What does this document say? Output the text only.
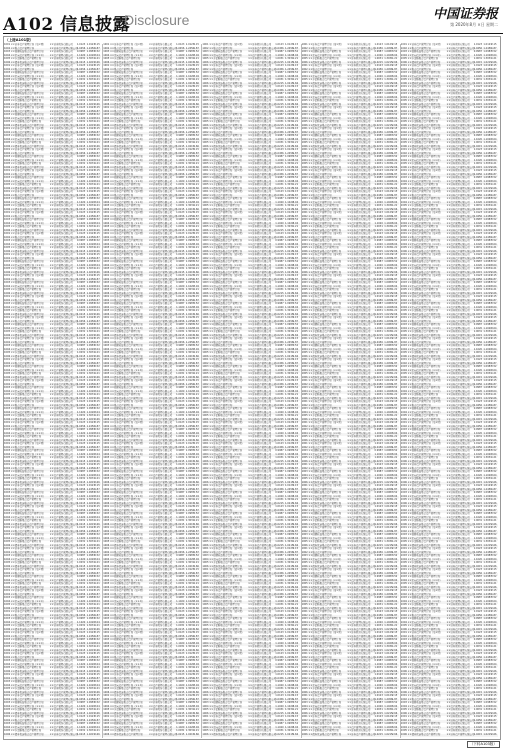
A102 信息披露
Disclosure	中国证券报
第 2020年8月 ×日 星期二
（上接A101版）
1001 ××证券资产管理计划（第×期）	××证券股份有限公司	1.0123 1.0123 2.15
1002 ××集合资产管理计划	××证券资产管理有限公司 1.0456 1.2456 1.87
1003 ××稳健收益集合资产管理计划	××证券股份有限公司	0.9987 1.0987 0.52
1004 ××定向资产管理计划（××号）	××资产管理有限公司	1.1020 1.1020 3.04
1005 ××多策略集合资产管理计划	××证券股份有限公司	1.0031 1.3031 1.21
1006 ××债券优选集合资产管理计划	××证券资产管理有限公司 1.0215 1.0215 2.66
1001 ××证券资产管理计划（第×期）	××证券股份有限公司	1.0123 1.0123 2.15
1002 ××集合资产管理计划	××证券资产管理有限公司 1.0456 1.2456 1.87
1003 ××稳健收益集合资产管理计划	××证券股份有限公司	0.9987 1.0987 0.52
1004 ××定向资产管理计划（××号）	××资产管理有限公司	1.1020 1.1020 3.04
1005 ××多策略集合资产管理计划	××证券股份有限公司	1.0031 1.3031 1.21
1006 ××债券优选集合资产管理计划	××证券资产管理有限公司 1.0215 1.0215 2.66
1001 ××证券资产管理计划（第×期）	××证券股份有限公司	1.0123 1.0123 2.15
1002 ××集合资产管理计划	××证券资产管理有限公司 1.0456 1.2456 1.87
1003 ××稳健收益集合资产管理计划	××证券股份有限公司	0.9987 1.0987 0.52
1004 ××定向资产管理计划（××号）	××资产管理有限公司	1.1020 1.1020 3.04
1005 ××多策略集合资产管理计划	××证券股份有限公司	1.0031 1.3031 1.21
1006 ××债券优选集合资产管理计划	××证券资产管理有限公司 1.0215 1.0215 2.66
1001 ××证券资产管理计划（第×期）	××证券股份有限公司	1.0123 1.0123 2.15
1002 ××集合资产管理计划	××证券资产管理有限公司 1.0456 1.2456 1.87
1003 ××稳健收益集合资产管理计划	××证券股份有限公司	0.9987 1.0987 0.52
1004 ××定向资产管理计划（××号）	××资产管理有限公司	1.1020 1.1020 3.04
1005 ××多策略集合资产管理计划	××证券股份有限公司	1.0031 1.3031 1.21
1006 ××债券优选集合资产管理计划	××证券资产管理有限公司 1.0215 1.0215 2.66
1001 ××证券资产管理计划（第×期）	××证券股份有限公司	1.0123 1.0123 2.15
1002 ××集合资产管理计划	××证券资产管理有限公司 1.0456 1.2456 1.87
1003 ××稳健收益集合资产管理计划	××证券股份有限公司	0.9987 1.0987 0.52
1004 ××定向资产管理计划（××号）	××资产管理有限公司	1.1020 1.1020 3.04
1005 ××多策略集合资产管理计划	××证券股份有限公司	1.0031 1.3031 1.21
1006 ××债券优选集合资产管理计划	××证券资产管理有限公司 1.0215 1.0215 2.66
1001 ××证券资产管理计划（第×期）	××证券股份有限公司	1.0123 1.0123 2.15
1002 ××集合资产管理计划	××证券资产管理有限公司 1.0456 1.2456 1.87
1003 ××稳健收益集合资产管理计划	××证券股份有限公司	0.9987 1.0987 0.52
1004 ××定向资产管理计划（××号）	××资产管理有限公司	1.1020 1.1020 3.04
1005 ××多策略集合资产管理计划	××证券股份有限公司	1.0031 1.3031 1.21
1006 ××债券优选集合资产管理计划	××证券资产管理有限公司 1.0215 1.0215 2.66
1001 ××证券资产管理计划（第×期）	××证券股份有限公司	1.0123 1.0123 2.15
1002 ××集合资产管理计划	××证券资产管理有限公司 1.0456 1.2456 1.87
1003 ××稳健收益集合资产管理计划	××证券股份有限公司	0.9987 1.0987 0.52
1004 ××定向资产管理计划（××号）	××资产管理有限公司	1.1020 1.1020 3.04
1005 ××多策略集合资产管理计划	××证券股份有限公司	1.0031 1.3031 1.21
1006 ××债券优选集合资产管理计划	××证券资产管理有限公司 1.0215 1.0215 2.66
1001 ××证券资产管理计划（第×期）	××证券股份有限公司	1.0123 1.0123 2.15
1002 ××集合资产管理计划	××证券资产管理有限公司 1.0456 1.2456 1.87
1003 ××稳健收益集合资产管理计划	××证券股份有限公司	0.9987 1.0987 0.52
1004 ××定向资产管理计划（××号）	××资产管理有限公司	1.1020 1.1020 3.04
1005 ××多策略集合资产管理计划	××证券股份有限公司	1.0031 1.3031 1.21
1006 ××债券优选集合资产管理计划	××证券资产管理有限公司 1.0215 1.0215 2.66
1001 ××证券资产管理计划（第×期）	××证券股份有限公司	1.0123 1.0123 2.15
1002 ××集合资产管理计划	××证券资产管理有限公司 1.0456 1.2456 1.87
1003 ××稳健收益集合资产管理计划	××证券股份有限公司	0.9987 1.0987 0.52
1004 ××定向资产管理计划（××号）	××资产管理有限公司	1.1020 1.1020 3.04
1005 ××多策略集合资产管理计划	××证券股份有限公司	1.0031 1.3031 1.21
1006 ××债券优选集合资产管理计划	××证券资产管理有限公司 1.0215 1.0215 2.66
1001 ××证券资产管理计划（第×期）	××证券股份有限公司	1.0123 1.0123 2.15
1002 ××集合资产管理计划	××证券资产管理有限公司 1.0456 1.2456 1.87
1003 ××稳健收益集合资产管理计划	××证券股份有限公司	0.9987 1.0987 0.52
1004 ××定向资产管理计划（××号）	××资产管理有限公司	1.1020 1.1020 3.04
1005 ××多策略集合资产管理计划	××证券股份有限公司	1.0031 1.3031 1.21
1006 ××债券优选集合资产管理计划	××证券资产管理有限公司 1.0215 1.0215 2.66
1001 ××证券资产管理计划（第×期）	××证券股份有限公司	1.0123 1.0123 2.15
1002 ××集合资产管理计划	××证券资产管理有限公司 1.0456 1.2456 1.87
1003 ××稳健收益集合资产管理计划	××证券股份有限公司	0.9987 1.0987 0.52
1004 ××定向资产管理计划（××号）	××资产管理有限公司	1.1020 1.1020 3.04
1005 ××多策略集合资产管理计划	××证券股份有限公司	1.0031 1.3031 1.21
1006 ××债券优选集合资产管理计划	××证券资产管理有限公司 1.0215 1.0215 2.66
1001 ××证券资产管理计划（第×期）	××证券股份有限公司	1.0123 1.0123 2.15
1002 ××集合资产管理计划	××证券资产管理有限公司 1.0456 1.2456 1.87
1003 ××稳健收益集合资产管理计划	××证券股份有限公司	0.9987 1.0987 0.52
1004 ××定向资产管理计划（××号）	××资产管理有限公司	1.1020 1.1020 3.04
1005 ××多策略集合资产管理计划	××证券股份有限公司	1.0031 1.3031 1.21
1006 ××债券优选集合资产管理计划	××证券资产管理有限公司 1.0215 1.0215 2.66
1001 ××证券资产管理计划（第×期）	××证券股份有限公司	1.0123 1.0123 2.15
1002 ××集合资产管理计划	××证券资产管理有限公司 1.0456 1.2456 1.87
1003 ××稳健收益集合资产管理计划	××证券股份有限公司	0.9987 1.0987 0.52
1004 ××定向资产管理计划（××号）	××资产管理有限公司	1.1020 1.1020 3.04
1005 ××多策略集合资产管理计划	××证券股份有限公司	1.0031 1.3031 1.21
1006 ××债券优选集合资产管理计划	××证券资产管理有限公司 1.0215 1.0215 2.66
1001 ××证券资产管理计划（第×期）	××证券股份有限公司	1.0123 1.0123 2.15
1002 ××集合资产管理计划	××证券资产管理有限公司 1.0456 1.2456 1.87
1003 ××稳健收益集合资产管理计划	××证券股份有限公司	0.9987 1.0987 0.52
1004 ××定向资产管理计划（××号）	××资产管理有限公司	1.1020 1.1020 3.04
1005 ××多策略集合资产管理计划	××证券股份有限公司	1.0031 1.3031 1.21
1006 ××债券优选集合资产管理计划	××证券资产管理有限公司 1.0215 1.0215 2.66
1001 ××证券资产管理计划（第×期）	××证券股份有限公司	1.0123 1.0123 2.15
1002 ××集合资产管理计划	××证券资产管理有限公司 1.0456 1.2456 1.87
1003 ××稳健收益集合资产管理计划	××证券股份有限公司	0.9987 1.0987 0.52
1004 ××定向资产管理计划（××号）	××资产管理有限公司	1.1020 1.1020 3.04
1005 ××多策略集合资产管理计划	××证券股份有限公司	1.0031 1.3031 1.21
1006 ××债券优选集合资产管理计划	××证券资产管理有限公司 1.0215 1.0215 2.66
1001 ××证券资产管理计划（第×期）	××证券股份有限公司	1.0123 1.0123 2.15
1002 ××集合资产管理计划	××证券资产管理有限公司 1.0456 1.2456 1.87
1003 ××稳健收益集合资产管理计划	××证券股份有限公司	0.9987 1.0987 0.52
1004 ××定向资产管理计划（××号）	××资产管理有限公司	1.1020 1.1020 3.04
1005 ××多策略集合资产管理计划	××证券股份有限公司	1.0031 1.3031 1.21
1006 ××债券优选集合资产管理计划	××证券资产管理有限公司 1.0215 1.0215 2.66
1001 ××证券资产管理计划（第×期）	××证券股份有限公司	1.0123 1.0123 2.15
1002 ××集合资产管理计划	××证券资产管理有限公司 1.0456 1.2456 1.87
1003 ××稳健收益集合资产管理计划	××证券股份有限公司	0.9987 1.0987 0.52
1004 ××定向资产管理计划（××号）	××资产管理有限公司	1.1020 1.1020 3.04
1005 ××多策略集合资产管理计划	××证券股份有限公司	1.0031 1.3031 1.21
1006 ××债券优选集合资产管理计划	××证券资产管理有限公司 1.0215 1.0215 2.66
1001 ××证券资产管理计划（第×期）	××证券股份有限公司	1.0123 1.0123 2.15
1002 ××集合资产管理计划	××证券资产管理有限公司 1.0456 1.2456 1.87
1003 ××稳健收益集合资产管理计划	××证券股份有限公司	0.9987 1.0987 0.52
1004 ××定向资产管理计划（××号）	××资产管理有限公司	1.1020 1.1020 3.04
1005 ××多策略集合资产管理计划	××证券股份有限公司	1.0031 1.3031 1.21
1006 ××债券优选集合资产管理计划	××证券资产管理有限公司 1.0215 1.0215 2.66
1001 ××证券资产管理计划（第×期）	××证券股份有限公司	1.0123 1.0123 2.15
1002 ××集合资产管理计划	××证券资产管理有限公司 1.0456 1.2456 1.87
1003 ××稳健收益集合资产管理计划	××证券股份有限公司	0.9987 1.0987 0.52
1004 ××定向资产管理计划（××号）	××资产管理有限公司	1.1020 1.1020 3.04
1005 ××多策略集合资产管理计划	××证券股份有限公司	1.0031 1.3031 1.21
1006 ××债券优选集合资产管理计划	××证券资产管理有限公司 1.0215 1.0215 2.66
1001 ××证券资产管理计划（第×期）	××证券股份有限公司	1.0123 1.0123 2.15
1002 ××集合资产管理计划	××证券资产管理有限公司 1.0456 1.2456 1.87
1003 ××稳健收益集合资产管理计划	××证券股份有限公司	0.9987 1.0987 0.52
1004 ××定向资产管理计划（××号）	××资产管理有限公司	1.1020 1.1020 3.04
1005 ××多策略集合资产管理计划	××证券股份有限公司	1.0031 1.3031 1.21
1006 ××债券优选集合资产管理计划	××证券资产管理有限公司 1.0215 1.0215 2.66
1001 ××证券资产管理计划（第×期）	××证券股份有限公司	1.0123 1.0123 2.15
1002 ××集合资产管理计划	××证券资产管理有限公司 1.0456 1.2456 1.87
1003 ××稳健收益集合资产管理计划	××证券股份有限公司	0.9987 1.0987 0.52
1004 ××定向资产管理计划（××号）	××资产管理有限公司	1.1020 1.1020 3.04
1005 ××多策略集合资产管理计划	××证券股份有限公司	1.0031 1.3031 1.21
1006 ××债券优选集合资产管理计划	××证券资产管理有限公司 1.0215 1.0215 2.66
1001 ××证券资产管理计划（第×期）	××证券股份有限公司	1.0123 1.0123 2.15
1002 ××集合资产管理计划	××证券资产管理有限公司 1.0456 1.2456 1.87
1003 ××稳健收益集合资产管理计划	××证券股份有限公司	0.9987 1.0987 0.52
1004 ××定向资产管理计划（××号）	××资产管理有限公司	1.1020 1.1020 3.04
1005 ××多策略集合资产管理计划	××证券股份有限公司	1.0031 1.3031 1.21
1006 ××债券优选集合资产管理计划	××证券资产管理有限公司 1.0215 1.0215 2.66
1001 ××证券资产管理计划（第×期）	××证券股份有限公司	1.0123 1.0123 2.15
1002 ××集合资产管理计划	××证券资产管理有限公司 1.0456 1.2456 1.87
1003 ××稳健收益集合资产管理计划	××证券股份有限公司	0.9987 1.0987 0.52
1004 ××定向资产管理计划（××号）	××资产管理有限公司	1.1020 1.1020 3.04
1005 ××多策略集合资产管理计划	××证券股份有限公司	1.0031 1.3031 1.21
1006 ××债券优选集合资产管理计划	××证券资产管理有限公司 1.0215 1.0215 2.66
1001 ××证券资产管理计划（第×期）	××证券股份有限公司	1.0123 1.0123 2.15
1002 ××集合资产管理计划	××证券资产管理有限公司 1.0456 1.2456 1.87
1003 ××稳健收益集合资产管理计划	××证券股份有限公司	0.9987 1.0987 0.52
1004 ××定向资产管理计划（××号）	××资产管理有限公司	1.1020 1.1020 3.04
1005 ××多策略集合资产管理计划	××证券股份有限公司	1.0031 1.3031 1.21
1006 ××债券优选集合资产管理计划	××证券资产管理有限公司 1.0215 1.0215 2.66
1001 ××证券资产管理计划（第×期）	××证券股份有限公司	1.0123 1.0123 2.15
1002 ××集合资产管理计划	××证券资产管理有限公司 1.0456 1.2456 1.87
1003 ××稳健收益集合资产管理计划	××证券股份有限公司	0.9987 1.0987 0.52
1004 ××定向资产管理计划（××号）	××资产管理有限公司	1.1020 1.1020 3.04
1005 ××多策略集合资产管理计划	××证券股份有限公司	1.0031 1.3031 1.21
1006 ××债券优选集合资产管理计划	××证券资产管理有限公司 1.0215 1.0215 2.66
1001 ××证券资产管理计划（第×期）	××证券股份有限公司	1.0123 1.0123 2.15
1002 ××集合资产管理计划	××证券资产管理有限公司 1.0456 1.2456 1.87
1003 ××稳健收益集合资产管理计划	××证券股份有限公司	0.9987 1.0987 0.52
1004 ××定向资产管理计划（××号）	××资产管理有限公司	1.1020 1.1020 3.04
1005 ××多策略集合资产管理计划	××证券股份有限公司	1.0031 1.3031 1.21
1006 ××债券优选集合资产管理计划	××证券资产管理有限公司 1.0215 1.0215 2.66
1001 ××证券资产管理计划（第×期）	××证券股份有限公司	1.0123 1.0123 2.15
1002 ××集合资产管理计划	××证券资产管理有限公司 1.0456 1.2456 1.87
1003 ××稳健收益集合资产管理计划	××证券股份有限公司	0.9987 1.0987 0.52
1004 ××定向资产管理计划（××号）	××资产管理有限公司	1.1020 1.1020 3.04
1005 ××多策略集合资产管理计划	××证券股份有限公司	1.0031 1.3031 1.21
1006 ××债券优选集合资产管理计划	××证券资产管理有限公司 1.0215 1.0215 2.66
1001 ××证券资产管理计划（第×期）	××证券股份有限公司	1.0123 1.0123 2.15
1002 ××集合资产管理计划	××证券资产管理有限公司 1.0456 1.2456 1.87
1003 ××稳健收益集合资产管理计划	××证券股份有限公司	0.9987 1.0987 0.52
1004 ××定向资产管理计划（××号）	××资产管理有限公司	1.1020 1.1020 3.04
1005 ××多策略集合资产管理计划	××证券股份有限公司	1.0031 1.3031 1.21
1006 ××债券优选集合资产管理计划	××证券资产管理有限公司 1.0215 1.0215 2.66
1001 ××证券资产管理计划（第×期）	××证券股份有限公司	1.0123 1.0123 2.15
1002 ××集合资产管理计划	××证券资产管理有限公司 1.0456 1.2456 1.87
1003 ××稳健收益集合资产管理计划	××证券股份有限公司	0.9987 1.0987 0.52
1004 ××定向资产管理计划（××号）	××资产管理有限公司	1.1020 1.1020 3.04
1005 ××多策略集合资产管理计划	××证券股份有限公司	1.0031 1.3031 1.21
1006 ××债券优选集合资产管理计划	××证券资产管理有限公司 1.0215 1.0215 2.66
1001 ××证券资产管理计划（第×期）	××证券股份有限公司	1.0123 1.0123 2.15
1002 ××集合资产管理计划	××证券资产管理有限公司 1.0456 1.2456 1.87
1003 ××稳健收益集合资产管理计划	××证券股份有限公司	0.9987 1.0987 0.52
1004 ××定向资产管理计划（××号）	××资产管理有限公司	1.1020 1.1020 3.04
1005 ××多策略集合资产管理计划	××证券股份有限公司	1.0031 1.3031 1.21
1006 ××债券优选集合资产管理计划	××证券资产管理有限公司 1.0215 1.0215 2.66
1001 ××证券资产管理计划（第×期）	××证券股份有限公司	1.0123 1.0123 2.15
1002 ××集合资产管理计划	××证券资产管理有限公司 1.0456 1.2456 1.87
1003 ××稳健收益集合资产管理计划	××证券股份有限公司	0.9987 1.0987 0.52
1004 ××定向资产管理计划（××号）	××资产管理有限公司	1.1020 1.1020 3.04
1005 ××多策略集合资产管理计划	××证券股份有限公司	1.0031 1.3031 1.21
1006 ××债券优选集合资产管理计划	××证券资产管理有限公司 1.0215 1.0215 2.66
1001 ××证券资产管理计划（第×期）	××证券股份有限公司	1.0123 1.0123 2.15
1002 ××集合资产管理计划	××证券资产管理有限公司 1.0456 1.2456 1.87
1003 ××稳健收益集合资产管理计划	××证券股份有限公司	0.9987 1.0987 0.52
1004 ××定向资产管理计划（××号）	××资产管理有限公司	1.1020 1.1020 3.04
1005 ××多策略集合资产管理计划	××证券股份有限公司	1.0031 1.3031 1.21
1006 ××债券优选集合资产管理计划	××证券资产管理有限公司 1.0215 1.0215 2.66
1001 ××证券资产管理计划（第×期）	××证券股份有限公司	1.0123 1.0123 2.15
1002 ××集合资产管理计划	××证券资产管理有限公司 1.0456 1.2456 1.87
1003 ××稳健收益集合资产管理计划	××证券股份有限公司	0.9987 1.0987 0.52
1004 ××定向资产管理计划（××号）	××资产管理有限公司	1.1020 1.1020 3.04
1005 ××多策略集合资产管理计划	××证券股份有限公司	1.0031 1.3031 1.21
1006 ××债券优选集合资产管理计划	××证券资产管理有限公司 1.0215 1.0215 2.66
1001 ××证券资产管理计划（第×期）	××证券股份有限公司	1.0123 1.0123 2.15
1002 ××集合资产管理计划	××证券资产管理有限公司 1.0456 1.2456 1.87
1003 ××稳健收益集合资产管理计划	××证券股份有限公司	0.9987 1.0987 0.52
1004 ××定向资产管理计划（××号）	××资产管理有限公司	1.1020 1.1020 3.04
1005 ××多策略集合资产管理计划	××证券股份有限公司	1.0031 1.3031 1.21
1006 ××债券优选集合资产管理计划	××证券资产管理有限公司 1.0215 1.0215 2.66
1001 ××证券资产管理计划（第×期）	××证券股份有限公司	1.0123 1.0123 2.15
1002 ××集合资产管理计划	××证券资产管理有限公司 1.0456 1.2456 1.87
1003 ××稳健收益集合资产管理计划	××证券股份有限公司	0.9987 1.0987 0.52
1004 ××定向资产管理计划（××号）	××资产管理有限公司	1.1020 1.1020 3.04
1005 ××多策略集合资产管理计划	××证券股份有限公司	1.0031 1.3031 1.21
1006 ××债券优选集合资产管理计划	××证券资产管理有限公司 1.0215 1.0215 2.66
1001 ××证券资产管理计划（第×期）	××证券股份有限公司	1.0123 1.0123 2.15
1002 ××集合资产管理计划	××证券资产管理有限公司 1.0456 1.2456 1.87
1003 ××稳健收益集合资产管理计划	××证券股份有限公司	0.9987 1.0987 0.52
1004 ××定向资产管理计划（××号）	××资产管理有限公司	1.1020 1.1020 3.04
1005 ××多策略集合资产管理计划	××证券股份有限公司	1.0031 1.3031 1.21
1006 ××债券优选集合资产管理计划	××证券资产管理有限公司 1.0215 1.0215 2.66
1001 ××证券资产管理计划（第×期）	××证券股份有限公司	1.0123 1.0123 2.15
1002 ××集合资产管理计划	××证券资产管理有限公司 1.0456 1.2456 1.87
1003 ××稳健收益集合资产管理计划	××证券股份有限公司	0.9987 1.0987 0.52
1004 ××定向资产管理计划（××号）	××资产管理有限公司	1.1020 1.1020 3.04
1005 ××多策略集合资产管理计划	××证券股份有限公司	1.0031 1.3031 1.21
1006 ××债券优选集合资产管理计划	××证券资产管理有限公司 1.0215 1.0215 2.66
1001 ××证券资产管理计划（第×期）	××证券股份有限公司	1.0123 1.0123 2.15
1002 ××集合资产管理计划	××证券资产管理有限公司 1.0456 1.2456 1.87
1003 ××稳健收益集合资产管理计划	××证券股份有限公司	0.9987 1.0987 0.52
1004 ××定向资产管理计划（××号）	××资产管理有限公司	1.1020 1.1020 3.04
1005 ××多策略集合资产管理计划	××证券股份有限公司	1.0031 1.3031 1.21
1006 ××债券优选集合资产管理计划	××证券资产管理有限公司 1.0215 1.0215 2.66
1001 ××证券资产管理计划（第×期）	××证券股份有限公司	1.0123 1.0123 2.15
1002 ××集合资产管理计划	××证券资产管理有限公司 1.0456 1.2456 1.87
1003 ××稳健收益集合资产管理计划	××证券股份有限公司	0.9987 1.0987 0.52
1004 ××定向资产管理计划（××号）	××资产管理有限公司	1.1020 1.1020 3.04
1005 ××多策略集合资产管理计划	××证券股份有限公司	1.0031 1.3031 1.21
1006 ××债券优选集合资产管理计划	××证券资产管理有限公司 1.0215 1.0215 2.66
1001 ××证券资产管理计划（第×期）	××证券股份有限公司	1.0123 1.0123 2.15
1002 ××集合资产管理计划	××证券资产管理有限公司 1.0456 1.2456 1.87
1003 ××稳健收益集合资产管理计划	××证券股份有限公司	0.9987 1.0987 0.52
1004 ××定向资产管理计划（××号）	××资产管理有限公司	1.1020 1.1020 3.04
1005 ××多策略集合资产管理计划	××证券股份有限公司	1.0031 1.3031 1.21
1006 ××债券优选集合资产管理计划	××证券资产管理有限公司 1.0215 1.0215 2.66
1001 ××证券资产管理计划（第×期）	××证券股份有限公司	1.0123 1.0123 2.15
1002 ××集合资产管理计划	××证券资产管理有限公司 1.0456 1.2456 1.87
1003 ××稳健收益集合资产管理计划	××证券股份有限公司	0.9987 1.0987 0.52
1004 ××定向资产管理计划（××号）	××资产管理有限公司	1.1020 1.1020 3.04
1005 ××多策略集合资产管理计划	××证券股份有限公司	1.0031 1.3031 1.21
1006 ××债券优选集合资产管理计划	××证券资产管理有限公司 1.0215 1.0215 2.66
1001 ××证券资产管理计划（第×期）	××证券股份有限公司	1.0123 1.0123 2.15
1002 ××集合资产管理计划	××证券资产管理有限公司 1.0456 1.2456 1.87
1003 ××稳健收益集合资产管理计划	××证券股份有限公司	0.9987 1.0987 0.52
1004 ××定向资产管理计划（××号）	××资产管理有限公司	1.1020 1.1020 3.04
1005 ××多策略集合资产管理计划	××证券股份有限公司	1.0031 1.3031 1.21
1006 ××债券优选集合资产管理计划	××证券资产管理有限公司 1.0215 1.0215 2.66
1001 ××证券资产管理计划（第×期）	××证券股份有限公司	1.0123 1.0123 2.15
1002 ××集合资产管理计划	××证券资产管理有限公司 1.0456 1.2456 1.87
1003 ××稳健收益集合资产管理计划	××证券股份有限公司	0.9987 1.0987 0.52
1004 ××定向资产管理计划（××号）	××资产管理有限公司	1.1020 1.1020 3.04
1005 ××多策略集合资产管理计划	××证券股份有限公司	1.0031 1.3031 1.21
1006 ××债券优选集合资产管理计划	××证券资产管理有限公司 1.0215 1.0215 2.66
1001 ××证券资产管理计划（第×期）	××证券股份有限公司	1.0123 1.0123 2.15
1002 ××集合资产管理计划	××证券资产管理有限公司 1.0456 1.2456 1.87
1003 ××稳健收益集合资产管理计划	××证券股份有限公司	0.9987 1.0987 0.52
1004 ××定向资产管理计划（××号）	××资产管理有限公司	1.1020 1.1020 3.04
1005 ××多策略集合资产管理计划	××证券股份有限公司	1.0031 1.3031 1.21
1006 ××债券优选集合资产管理计划	××证券资产管理有限公司 1.0215 1.0215 2.66
1001 ××证券资产管理计划（第×期）	××证券股份有限公司	1.0123 1.0123 2.15
1002 ××集合资产管理计划	××证券资产管理有限公司 1.0456 1.2456 1.87
1003 ××稳健收益集合资产管理计划	××证券股份有限公司	0.9987 1.0987 0.52
1004 ××定向资产管理计划（××号）	××资产管理有限公司	1.1020 1.1020 3.04
1005 ××多策略集合资产管理计划	××证券股份有限公司	1.0031 1.3031 1.21
1006 ××债券优选集合资产管理计划	××证券资产管理有限公司 1.0215 1.0215 2.66
1001 ××证券资产管理计划（第×期）	××证券股份有限公司	1.0123 1.0123 2.15
1002 ××集合资产管理计划	××证券资产管理有限公司 1.0456 1.2456 1.87
1003 ××稳健收益集合资产管理计划	××证券股份有限公司	0.9987 1.0987 0.52
1004 ××定向资产管理计划（××号）	××资产管理有限公司	1.1020 1.1020 3.04
1005 ××多策略集合资产管理计划	××证券股份有限公司	1.0031 1.3031 1.21
1006 ××债券优选集合资产管理计划	××证券资产管理有限公司 1.0215 1.0215 2.66
1001 ××证券资产管理计划（第×期）	××证券股份有限公司	1.0123 1.0123 2.15
1002 ××集合资产管理计划	××证券资产管理有限公司 1.0456 1.2456 1.87
1003 ××稳健收益集合资产管理计划	××证券股份有限公司	0.9987 1.0987 0.52
1004 ××定向资产管理计划（××号）	××资产管理有限公司	1.1020 1.1020 3.04
1005 ××多策略集合资产管理计划	××证券股份有限公司	1.0031 1.3031 1.21
1006 ××债券优选集合资产管理计划	××证券资产管理有限公司 1.0215 1.0215 2.66
1001 ××证券资产管理计划（第×期）	××证券股份有限公司	1.0123 1.0123 2.15
1002 ××集合资产管理计划	××证券资产管理有限公司 1.0456 1.2456 1.87
1003 ××稳健收益集合资产管理计划	××证券股份有限公司	0.9987 1.0987 0.52
1004 ××定向资产管理计划（××号）	××资产管理有限公司	1.1020 1.1020 3.04
1005 ××多策略集合资产管理计划	××证券股份有限公司	1.0031 1.3031 1.21
1006 ××债券优选集合资产管理计划	××证券资产管理有限公司 1.0215 1.0215 2.66
1001 ××证券资产管理计划（第×期）	××证券股份有限公司	1.0123 1.0123 2.15
1002 ××集合资产管理计划	××证券资产管理有限公司 1.0456 1.2456 1.87
1003 ××稳健收益集合资产管理计划	××证券股份有限公司	0.9987 1.0987 0.52
1004 ××定向资产管理计划（××号）	××资产管理有限公司	1.1020 1.1020 3.04
1005 ××多策略集合资产管理计划	××证券股份有限公司	1.0031 1.3031 1.21
1006 ××债券优选集合资产管理计划	××证券资产管理有限公司 1.0215 1.0215 2.66
1001 ××证券资产管理计划（第×期）	××证券股份有限公司	1.0123 1.0123 2.15
1002 ××集合资产管理计划	××证券资产管理有限公司 1.0456 1.2456 1.87
1003 ××稳健收益集合资产管理计划	××证券股份有限公司	0.9987 1.0987 0.52
1004 ××定向资产管理计划（××号）	××资产管理有限公司	1.1020 1.1020 3.04
1005 ××多策略集合资产管理计划	××证券股份有限公司	1.0031 1.3031 1.21
1006 ××债券优选集合资产管理计划	××证券资产管理有限公司 1.0215 1.0215 2.66
1001 ××证券资产管理计划（第×期）	××证券股份有限公司	1.0123 1.0123 2.15
1002 ××集合资产管理计划	××证券资产管理有限公司 1.0456 1.2456 1.87
1003 ××稳健收益集合资产管理计划	××证券股份有限公司	0.9987 1.0987 0.52
1004 ××定向资产管理计划（××号）	××资产管理有限公司	1.1020 1.1020 3.04
1005 ××多策略集合资产管理计划	××证券股份有限公司	1.0031 1.3031 1.21
1006 ××债券优选集合资产管理计划	××证券资产管理有限公司 1.0215 1.0215 2.66
1001 ××证券资产管理计划（第×期）	××证券股份有限公司	1.0123 1.0123 2.15
1002 ××集合资产管理计划	××证券资产管理有限公司 1.0456 1.2456 1.87
1003 ××稳健收益集合资产管理计划	××证券股份有限公司	0.9987 1.0987 0.52
1004 ××定向资产管理计划（××号）	××资产管理有限公司	1.1020 1.1020 3.04
1005 ××多策略集合资产管理计划	××证券股份有限公司	1.0031 1.3031 1.21
1006 ××债券优选集合资产管理计划	××证券资产管理有限公司 1.0215 1.0215 2.66
1001 ××证券资产管理计划（第×期）	××证券股份有限公司	1.0123 1.0123 2.15
1002 ××集合资产管理计划	××证券资产管理有限公司 1.0456 1.2456 1.87
1003 ××稳健收益集合资产管理计划	××证券股份有限公司	0.9987 1.0987 0.52
1004 ××定向资产管理计划（××号）	××资产管理有限公司	1.1020 1.1020 3.04
1005 ××多策略集合资产管理计划	××证券股份有限公司	1.0031 1.3031 1.21
1006 ××债券优选集合资产管理计划	××证券资产管理有限公司 1.0215 1.0215 2.66
1001 ××证券资产管理计划（第×期）	××证券股份有限公司	1.0123 1.0123 2.15
1002 ××集合资产管理计划	××证券资产管理有限公司 1.0456 1.2456 1.87
1003 ××稳健收益集合资产管理计划	××证券股份有限公司	0.9987 1.0987 0.52
1004 ××定向资产管理计划（××号）	××资产管理有限公司	1.1020 1.1020 3.04
1005 ××多策略集合资产管理计划	××证券股份有限公司	1.0031 1.3031 1.21
1006 ××债券优选集合资产管理计划	××证券资产管理有限公司 1.0215 1.0215 2.66
1001 ××证券资产管理计划（第×期）	××证券股份有限公司	1.0123 1.0123 2.15
1002 ××集合资产管理计划	××证券资产管理有限公司 1.0456 1.2456 1.87
1003 ××稳健收益集合资产管理计划	××证券股份有限公司	0.9987 1.0987 0.52
1004 ××定向资产管理计划（××号）	××资产管理有限公司	1.1020 1.1020 3.04
1005 ××多策略集合资产管理计划	××证券股份有限公司	1.0031 1.3031 1.21
1006 ××债券优选集合资产管理计划	××证券资产管理有限公司 1.0215 1.0215 2.66
1001 ××证券资产管理计划（第×期）	××证券股份有限公司	1.0123 1.0123 2.15
1002 ××集合资产管理计划	××证券资产管理有限公司 1.0456 1.2456 1.87
1003 ××稳健收益集合资产管理计划	××证券股份有限公司	0.9987 1.0987 0.52
1004 ××定向资产管理计划（××号）	××资产管理有限公司	1.1020 1.1020 3.04
1005 ××多策略集合资产管理计划	××证券股份有限公司	1.0031 1.3031 1.21
1006 ××债券优选集合资产管理计划	××证券资产管理有限公司 1.0215 1.0215 2.66
1001 ××证券资产管理计划（第×期）	××证券股份有限公司	1.0123 1.0123 2.15
1002 ××集合资产管理计划	××证券资产管理有限公司 1.0456 1.2456 1.87
1003 ××稳健收益集合资产管理计划	××证券股份有限公司	0.9987 1.0987 0.52
1004 ××定向资产管理计划（××号）	××资产管理有限公司	1.1020 1.1020 3.04
1005 ××多策略集合资产管理计划	××证券股份有限公司	1.0031 1.3031 1.21
1006 ××债券优选集合资产管理计划	××证券资产管理有限公司 1.0215 1.0215 2.66
1001 ××证券资产管理计划（第×期）	××证券股份有限公司	1.0123 1.0123 2.15
1002 ××集合资产管理计划	××证券资产管理有限公司 1.0456 1.2456 1.87
1003 ××稳健收益集合资产管理计划	××证券股份有限公司	0.9987 1.0987 0.52
1004 ××定向资产管理计划（××号）	××资产管理有限公司	1.1020 1.1020 3.04
1005 ××多策略集合资产管理计划	××证券股份有限公司	1.0031 1.3031 1.21
1006 ××债券优选集合资产管理计划	××证券资产管理有限公司 1.0215 1.0215 2.66
1001 ××证券资产管理计划（第×期）	××证券股份有限公司	1.0123 1.0123 2.15
1002 ××集合资产管理计划	××证券资产管理有限公司 1.0456 1.2456 1.87
1003 ××稳健收益集合资产管理计划	××证券股份有限公司	0.9987 1.0987 0.52
1004 ××定向资产管理计划（××号）	××资产管理有限公司	1.1020 1.1020 3.04
1005 ××多策略集合资产管理计划	××证券股份有限公司	1.0031 1.3031 1.21
1006 ××债券优选集合资产管理计划	××证券资产管理有限公司 1.0215 1.0215 2.66
1001 ××证券资产管理计划（第×期）	××证券股份有限公司	1.0123 1.0123 2.15
1002 ××集合资产管理计划	××证券资产管理有限公司 1.0456 1.2456 1.87
1003 ××稳健收益集合资产管理计划	××证券股份有限公司	0.9987 1.0987 0.52
1004 ××定向资产管理计划（××号）	××资产管理有限公司	1.1020 1.1020 3.04
1005 ××多策略集合资产管理计划	××证券股份有限公司	1.0031 1.3031 1.21
1006 ××债券优选集合资产管理计划	××证券资产管理有限公司 1.0215 1.0215 2.66
1001 ××证券资产管理计划（第×期）	××证券股份有限公司	1.0123 1.0123 2.15
1002 ××集合资产管理计划	××证券资产管理有限公司 1.0456 1.2456 1.87
1003 ××稳健收益集合资产管理计划	××证券股份有限公司	0.9987 1.0987 0.52
1004 ××定向资产管理计划（××号）	××资产管理有限公司	1.1020 1.1020 3.04
1005 ××多策略集合资产管理计划	××证券股份有限公司	1.0031 1.3031 1.21
1006 ××债券优选集合资产管理计划	××证券资产管理有限公司 1.0215 1.0215 2.66
1001 ××证券资产管理计划（第×期）	××证券股份有限公司	1.0123 1.0123 2.15
1002 ××集合资产管理计划	××证券资产管理有限公司 1.0456 1.2456 1.87
1003 ××稳健收益集合资产管理计划	××证券股份有限公司	0.9987 1.0987 0.52
1004 ××定向资产管理计划（××号）	××资产管理有限公司	1.1020 1.1020 3.04
1005 ××多策略集合资产管理计划	××证券股份有限公司	1.0031 1.3031 1.21
1006 ××债券优选集合资产管理计划	××证券资产管理有限公司 1.0215 1.0215 2.66
1001 ××证券资产管理计划（第×期）	××证券股份有限公司	1.0123 1.0123 2.15
1002 ××集合资产管理计划	××证券资产管理有限公司 1.0456 1.2456 1.87
1003 ××稳健收益集合资产管理计划	××证券股份有限公司	0.9987 1.0987 0.52
1004 ××定向资产管理计划（××号）	××资产管理有限公司	1.1020 1.1020 3.04
1005 ××多策略集合资产管理计划	××证券股份有限公司	1.0031 1.3031 1.21
1006 ××债券优选集合资产管理计划	××证券资产管理有限公司 1.0215 1.0215 2.66
1001 ××证券资产管理计划（第×期）	××证券股份有限公司	1.0123 1.0123 2.15
1002 ××集合资产管理计划	××证券资产管理有限公司 1.0456 1.2456 1.87
1003 ××稳健收益集合资产管理计划	××证券股份有限公司	0.9987 1.0987 0.52
1004 ××定向资产管理计划（××号）	××资产管理有限公司	1.1020 1.1020 3.04
1005 ××多策略集合资产管理计划	××证券股份有限公司	1.0031 1.3031 1.21
1006 ××债券优选集合资产管理计划	××证券资产管理有限公司 1.0215 1.0215 2.66
1001 ××证券资产管理计划（第×期）	××证券股份有限公司	1.0123 1.0123 2.15
1002 ××集合资产管理计划	××证券资产管理有限公司 1.0456 1.2456 1.87
1003 ××稳健收益集合资产管理计划	××证券股份有限公司	0.9987 1.0987 0.52
1004 ××定向资产管理计划（××号）	××资产管理有限公司	1.1020 1.1020 3.04
1005 ××多策略集合资产管理计划	××证券股份有限公司	1.0031 1.3031 1.21
1006 ××债券优选集合资产管理计划	××证券资产管理有限公司 1.0215 1.0215 2.66
1001 ××证券资产管理计划（第×期）	××证券股份有限公司	1.0123 1.0123 2.15
1002 ××集合资产管理计划	××证券资产管理有限公司 1.0456 1.2456 1.87
1003 ××稳健收益集合资产管理计划	××证券股份有限公司	0.9987 1.0987 0.52
1004 ××定向资产管理计划（××号）	××资产管理有限公司	1.1020 1.1020 3.04
1005 ××多策略集合资产管理计划	××证券股份有限公司	1.0031 1.3031 1.21
1006 ××债券优选集合资产管理计划	××证券资产管理有限公司 1.0215 1.0215 2.66
1001 ××证券资产管理计划（第×期）	××证券股份有限公司	1.0123 1.0123 2.15
1002 ××集合资产管理计划	××证券资产管理有限公司 1.0456 1.2456 1.87
1003 ××稳健收益集合资产管理计划	××证券股份有限公司	0.9987 1.0987 0.52
1004 ××定向资产管理计划（××号）	××资产管理有限公司	1.1020 1.1020 3.04
1005 ××多策略集合资产管理计划	××证券股份有限公司	1.0031 1.3031 1.21
1006 ××债券优选集合资产管理计划	××证券资产管理有限公司 1.0215 1.0215 2.66
1001 ××证券资产管理计划（第×期）	××证券股份有限公司	1.0123 1.0123 2.15
1002 ××集合资产管理计划	××证券资产管理有限公司 1.0456 1.2456 1.87
1003 ××稳健收益集合资产管理计划	××证券股份有限公司	0.9987 1.0987 0.52
1004 ××定向资产管理计划（××号）	××资产管理有限公司	1.1020 1.1020 3.04
1005 ××多策略集合资产管理计划	××证券股份有限公司	1.0031 1.3031 1.21
1006 ××债券优选集合资产管理计划	××证券资产管理有限公司 1.0215 1.0215 2.66
1001 ××证券资产管理计划（第×期）	××证券股份有限公司	1.0123 1.0123 2.15
1002 ××集合资产管理计划	××证券资产管理有限公司 1.0456 1.2456 1.87
1003 ××稳健收益集合资产管理计划	××证券股份有限公司	0.9987 1.0987 0.52
1004 ××定向资产管理计划（××号）	××资产管理有限公司	1.1020 1.1020 3.04
1005 ××多策略集合资产管理计划	××证券股份有限公司	1.0031 1.3031 1.21
1006 ××债券优选集合资产管理计划	××证券资产管理有限公司 1.0215 1.0215 2.66
1001 ××证券资产管理计划（第×期）	××证券股份有限公司	1.0123 1.0123 2.15
1002 ××集合资产管理计划	××证券资产管理有限公司 1.0456 1.2456 1.87
1003 ××稳健收益集合资产管理计划	××证券股份有限公司	0.9987 1.0987 0.52
1004 ××定向资产管理计划（××号）	××资产管理有限公司	1.1020 1.1020 3.04
1005 ××多策略集合资产管理计划	××证券股份有限公司	1.0031 1.3031 1.21
1006 ××债券优选集合资产管理计划	××证券资产管理有限公司 1.0215 1.0215 2.66
1001 ××证券资产管理计划（第×期）	××证券股份有限公司	1.0123 1.0123 2.15
1002 ××集合资产管理计划	××证券资产管理有限公司 1.0456 1.2456 1.87
1003 ××稳健收益集合资产管理计划	××证券股份有限公司	0.9987 1.0987 0.52
1004 ××定向资产管理计划（××号）	××资产管理有限公司	1.1020 1.1020 3.04
1005 ××多策略集合资产管理计划	××证券股份有限公司	1.0031 1.3031 1.21
1006 ××债券优选集合资产管理计划	××证券资产管理有限公司 1.0215 1.0215 2.66
1001 ××证券资产管理计划（第×期）	××证券股份有限公司	1.0123 1.0123 2.15
1002 ××集合资产管理计划	××证券资产管理有限公司 1.0456 1.2456 1.87
1003 ××稳健收益集合资产管理计划	××证券股份有限公司	0.9987 1.0987 0.52
1004 ××定向资产管理计划（××号）	××资产管理有限公司	1.1020 1.1020 3.04
1005 ××多策略集合资产管理计划	××证券股份有限公司	1.0031 1.3031 1.21
1006 ××债券优选集合资产管理计划	××证券资产管理有限公司 1.0215 1.0215 2.66
1001 ××证券资产管理计划（第×期）	××证券股份有限公司	1.0123 1.0123 2.15
1002 ××集合资产管理计划	××证券资产管理有限公司 1.0456 1.2456 1.87
1003 ××稳健收益集合资产管理计划	××证券股份有限公司	0.9987 1.0987 0.52
1004 ××定向资产管理计划（××号）	××资产管理有限公司	1.1020 1.1020 3.04
1005 ××多策略集合资产管理计划	××证券股份有限公司	1.0031 1.3031 1.21
1006 ××债券优选集合资产管理计划	××证券资产管理有限公司 1.0215 1.0215 2.66
1001 ××证券资产管理计划（第×期）	××证券股份有限公司	1.0123 1.0123 2.15
1002 ××集合资产管理计划	××证券资产管理有限公司 1.0456 1.2456 1.87
1003 ××稳健收益集合资产管理计划	××证券股份有限公司	0.9987 1.0987 0.52
1004 ××定向资产管理计划（××号）	××资产管理有限公司	1.1020 1.1020 3.04
1005 ××多策略集合资产管理计划	××证券股份有限公司	1.0031 1.3031 1.21
1006 ××债券优选集合资产管理计划	××证券资产管理有限公司 1.0215 1.0215 2.66
1001 ××证券资产管理计划（第×期）	××证券股份有限公司	1.0123 1.0123 2.15
1002 ××集合资产管理计划	××证券资产管理有限公司 1.0456 1.2456 1.87
1003 ××稳健收益集合资产管理计划	××证券股份有限公司	0.9987 1.0987 0.52
1004 ××定向资产管理计划（××号）	××资产管理有限公司	1.1020 1.1020 3.04
1005 ××多策略集合资产管理计划	××证券股份有限公司	1.0031 1.3031 1.21
1006 ××债券优选集合资产管理计划	××证券资产管理有限公司 1.0215 1.0215 2.66
1001 ××证券资产管理计划（第×期）	××证券股份有限公司	1.0123 1.0123 2.15
1002 ××集合资产管理计划	××证券资产管理有限公司 1.0456 1.2456 1.87
1003 ××稳健收益集合资产管理计划	××证券股份有限公司	0.9987 1.0987 0.52
1004 ××定向资产管理计划（××号）	××资产管理有限公司	1.1020 1.1020 3.04
1005 ××多策略集合资产管理计划	××证券股份有限公司	1.0031 1.3031 1.21
1006 ××债券优选集合资产管理计划	××证券资产管理有限公司 1.0215 1.0215 2.66
1001 ××证券资产管理计划（第×期）	××证券股份有限公司	1.0123 1.0123 2.15
1002 ××集合资产管理计划	××证券资产管理有限公司 1.0456 1.2456 1.87
1003 ××稳健收益集合资产管理计划	××证券股份有限公司	0.9987 1.0987 0.52
1004 ××定向资产管理计划（××号）	××资产管理有限公司	1.1020 1.1020 3.04
1005 ××多策略集合资产管理计划	××证券股份有限公司	1.0031 1.3031 1.21
1006 ××债券优选集合资产管理计划	××证券资产管理有限公司 1.0215 1.0215 2.66
1001 ××证券资产管理计划（第×期）	××证券股份有限公司	1.0123 1.0123 2.15
1002 ××集合资产管理计划	××证券资产管理有限公司 1.0456 1.2456 1.87
1003 ××稳健收益集合资产管理计划	××证券股份有限公司	0.9987 1.0987 0.52
1004 ××定向资产管理计划（××号）	××资产管理有限公司	1.1020 1.1020 3.04
1005 ××多策略集合资产管理计划	××证券股份有限公司	1.0031 1.3031 1.21
1006 ××债券优选集合资产管理计划	××证券资产管理有限公司 1.0215 1.0215 2.66
1001 ××证券资产管理计划（第×期）	××证券股份有限公司	1.0123 1.0123 2.15
1002 ××集合资产管理计划	××证券资产管理有限公司 1.0456 1.2456 1.87
1003 ××稳健收益集合资产管理计划	××证券股份有限公司	0.9987 1.0987 0.52
1004 ××定向资产管理计划（××号）	××资产管理有限公司	1.1020 1.1020 3.04
1005 ××多策略集合资产管理计划	××证券股份有限公司	1.0031 1.3031 1.21
1006 ××债券优选集合资产管理计划	××证券资产管理有限公司 1.0215 1.0215 2.66
1001 ××证券资产管理计划（第×期）	××证券股份有限公司	1.0123 1.0123 2.15
1002 ××集合资产管理计划	××证券资产管理有限公司 1.0456 1.2456 1.87
1003 ××稳健收益集合资产管理计划	××证券股份有限公司	0.9987 1.0987 0.52
1004 ××定向资产管理计划（××号）	××资产管理有限公司	1.1020 1.1020 3.04
1005 ××多策略集合资产管理计划	××证券股份有限公司	1.0031 1.3031 1.21
1006 ××债券优选集合资产管理计划	××证券资产管理有限公司 1.0215 1.0215 2.66
1001 ××证券资产管理计划（第×期）	××证券股份有限公司	1.0123 1.0123 2.15
1002 ××集合资产管理计划	××证券资产管理有限公司 1.0456 1.2456 1.87
1003 ××稳健收益集合资产管理计划	××证券股份有限公司	0.9987 1.0987 0.52
1004 ××定向资产管理计划（××号）	××资产管理有限公司	1.1020 1.1020 3.04
1005 ××多策略集合资产管理计划	××证券股份有限公司	1.0031 1.3031 1.21
1006 ××债券优选集合资产管理计划	××证券资产管理有限公司 1.0215 1.0215 2.66
1001 ××证券资产管理计划（第×期）	××证券股份有限公司	1.0123 1.0123 2.15
1002 ××集合资产管理计划	××证券资产管理有限公司 1.0456 1.2456 1.87
1003 ××稳健收益集合资产管理计划	××证券股份有限公司	0.9987 1.0987 0.52
1004 ××定向资产管理计划（××号）	××资产管理有限公司	1.1020 1.1020 3.04
1005 ××多策略集合资产管理计划	××证券股份有限公司	1.0031 1.3031 1.21
1006 ××债券优选集合资产管理计划	××证券资产管理有限公司 1.0215 1.0215 2.66
1001 ××证券资产管理计划（第×期）	××证券股份有限公司	1.0123 1.0123 2.15
1002 ××集合资产管理计划	××证券资产管理有限公司 1.0456 1.2456 1.87
1003 ××稳健收益集合资产管理计划	××证券股份有限公司	0.9987 1.0987 0.52
1004 ××定向资产管理计划（××号）	××资产管理有限公司	1.1020 1.1020 3.04
1005 ××多策略集合资产管理计划	××证券股份有限公司	1.0031 1.3031 1.21
1006 ××债券优选集合资产管理计划	××证券资产管理有限公司 1.0215 1.0215 2.66
1001 ××证券资产管理计划（第×期）	××证券股份有限公司	1.0123 1.0123 2.15
1002 ××集合资产管理计划	××证券资产管理有限公司 1.0456 1.2456 1.87
1003 ××稳健收益集合资产管理计划	××证券股份有限公司	0.9987 1.0987 0.52
1004 ××定向资产管理计划（××号）	××资产管理有限公司	1.1020 1.1020 3.04
1005 ××多策略集合资产管理计划	××证券股份有限公司	1.0031 1.3031 1.21
1006 ××债券优选集合资产管理计划	××证券资产管理有限公司 1.0215 1.0215 2.66
1001 ××证券资产管理计划（第×期）	××证券股份有限公司	1.0123 1.0123 2.15
1002 ××集合资产管理计划	××证券资产管理有限公司 1.0456 1.2456 1.87
1003 ××稳健收益集合资产管理计划	××证券股份有限公司	0.9987 1.0987 0.52
1004 ××定向资产管理计划（××号）	××资产管理有限公司	1.1020 1.1020 3.04
1005 ××多策略集合资产管理计划	××证券股份有限公司	1.0031 1.3031 1.21
1006 ××债券优选集合资产管理计划	××证券资产管理有限公司 1.0215 1.0215 2.66
1001 ××证券资产管理计划（第×期）	××证券股份有限公司	1.0123 1.0123 2.15
1002 ××集合资产管理计划	××证券资产管理有限公司 1.0456 1.2456 1.87
1003 ××稳健收益集合资产管理计划	××证券股份有限公司	0.9987 1.0987 0.52
1004 ××定向资产管理计划（××号）	××资产管理有限公司	1.1020 1.1020 3.04
1005 ××多策略集合资产管理计划	××证券股份有限公司	1.0031 1.3031 1.21
1006 ××债券优选集合资产管理计划	××证券资产管理有限公司 1.0215 1.0215 2.66
1001 ××证券资产管理计划（第×期）	××证券股份有限公司	1.0123 1.0123 2.15
1002 ××集合资产管理计划	××证券资产管理有限公司 1.0456 1.2456 1.87
1003 ××稳健收益集合资产管理计划	××证券股份有限公司	0.9987 1.0987 0.52
1004 ××定向资产管理计划（××号）	××资产管理有限公司	1.1020 1.1020 3.04
1005 ××多策略集合资产管理计划	××证券股份有限公司	1.0031 1.3031 1.21
1006 ××债券优选集合资产管理计划	××证券资产管理有限公司 1.0215 1.0215 2.66
1001 ××证券资产管理计划（第×期）	××证券股份有限公司	1.0123 1.0123 2.15
1002 ××集合资产管理计划	××证券资产管理有限公司 1.0456 1.2456 1.87
1003 ××稳健收益集合资产管理计划	××证券股份有限公司	0.9987 1.0987 0.52
1004 ××定向资产管理计划（××号）	××资产管理有限公司	1.1020 1.1020 3.04
1005 ××多策略集合资产管理计划	××证券股份有限公司	1.0031 1.3031 1.21
1006 ××债券优选集合资产管理计划	××证券资产管理有限公司 1.0215 1.0215 2.66
1001 ××证券资产管理计划（第×期）	××证券股份有限公司	1.0123 1.0123 2.15
1002 ××集合资产管理计划	××证券资产管理有限公司 1.0456 1.2456 1.87
1003 ××稳健收益集合资产管理计划	××证券股份有限公司	0.9987 1.0987 0.52
1004 ××定向资产管理计划（××号）	××资产管理有限公司	1.1020 1.1020 3.04
1005 ××多策略集合资产管理计划	××证券股份有限公司	1.0031 1.3031 1.21
1006 ××债券优选集合资产管理计划	××证券资产管理有限公司 1.0215 1.0215 2.66
1001 ××证券资产管理计划（第×期）	××证券股份有限公司	1.0123 1.0123 2.15
1002 ××集合资产管理计划	××证券资产管理有限公司 1.0456 1.2456 1.87
1003 ××稳健收益集合资产管理计划	××证券股份有限公司	0.9987 1.0987 0.52
1004 ××定向资产管理计划（××号）	××资产管理有限公司	1.1020 1.1020 3.04
1005 ××多策略集合资产管理计划	××证券股份有限公司	1.0031 1.3031 1.21
1006 ××债券优选集合资产管理计划	××证券资产管理有限公司 1.0215 1.0215 2.66
1001 ××证券资产管理计划（第×期）	××证券股份有限公司	1.0123 1.0123 2.15
1002 ××集合资产管理计划	××证券资产管理有限公司 1.0456 1.2456 1.87
1003 ××稳健收益集合资产管理计划	××证券股份有限公司	0.9987 1.0987 0.52
1004 ××定向资产管理计划（××号）	××资产管理有限公司	1.1020 1.1020 3.04
1005 ××多策略集合资产管理计划	××证券股份有限公司	1.0031 1.3031 1.21
1006 ××债券优选集合资产管理计划	××证券资产管理有限公司 1.0215 1.0215 2.66
1001 ××证券资产管理计划（第×期）	××证券股份有限公司	1.0123 1.0123 2.15
1002 ××集合资产管理计划	××证券资产管理有限公司 1.0456 1.2456 1.87
1003 ××稳健收益集合资产管理计划	××证券股份有限公司	0.9987 1.0987 0.52
1004 ××定向资产管理计划（××号）	××资产管理有限公司	1.1020 1.1020 3.04
1005 ××多策略集合资产管理计划	××证券股份有限公司	1.0031 1.3031 1.21
1006 ××债券优选集合资产管理计划	××证券资产管理有限公司 1.0215 1.0215 2.66
1001 ××证券资产管理计划（第×期）	××证券股份有限公司	1.0123 1.0123 2.15
1002 ××集合资产管理计划	××证券资产管理有限公司 1.0456 1.2456 1.87
1003 ××稳健收益集合资产管理计划	××证券股份有限公司	0.9987 1.0987 0.52
1004 ××定向资产管理计划（××号）	××资产管理有限公司	1.1020 1.1020 3.04
1005 ××多策略集合资产管理计划	××证券股份有限公司	1.0031 1.3031 1.21
1006 ××债券优选集合资产管理计划	××证券资产管理有限公司 1.0215 1.0215 2.66
1001 ××证券资产管理计划（第×期）	××证券股份有限公司	1.0123 1.0123 2.15
1002 ××集合资产管理计划	××证券资产管理有限公司 1.0456 1.2456 1.87
1003 ××稳健收益集合资产管理计划	××证券股份有限公司	0.9987 1.0987 0.52
1004 ××定向资产管理计划（××号）	××资产管理有限公司	1.1020 1.1020 3.04
1005 ××多策略集合资产管理计划	××证券股份有限公司	1.0031 1.3031 1.21
1006 ××债券优选集合资产管理计划	××证券资产管理有限公司 1.0215 1.0215 2.66
1001 ××证券资产管理计划（第×期）	××证券股份有限公司	1.0123 1.0123 2.15
1002 ××集合资产管理计划	××证券资产管理有限公司 1.0456 1.2456 1.87
1003 ××稳健收益集合资产管理计划	××证券股份有限公司	0.9987 1.0987 0.52
1004 ××定向资产管理计划（××号）	××资产管理有限公司	1.1020 1.1020 3.04
1005 ××多策略集合资产管理计划	××证券股份有限公司	1.0031 1.3031 1.21
1006 ××债券优选集合资产管理计划	××证券资产管理有限公司 1.0215 1.0215 2.66
1001 ××证券资产管理计划（第×期）	××证券股份有限公司	1.0123 1.0123 2.15
1002 ××集合资产管理计划	××证券资产管理有限公司 1.0456 1.2456 1.87
1003 ××稳健收益集合资产管理计划	××证券股份有限公司	0.9987 1.0987 0.52
1004 ××定向资产管理计划（××号）	××资产管理有限公司	1.1020 1.1020 3.04
1005 ××多策略集合资产管理计划	××证券股份有限公司	1.0031 1.3031 1.21
1006 ××债券优选集合资产管理计划	××证券资产管理有限公司 1.0215 1.0215 2.66
1001 ××证券资产管理计划（第×期）	××证券股份有限公司	1.0123 1.0123 2.15
1002 ××集合资产管理计划	××证券资产管理有限公司 1.0456 1.2456 1.87
1003 ××稳健收益集合资产管理计划	××证券股份有限公司	0.9987 1.0987 0.52
1004 ××定向资产管理计划（××号）	××资产管理有限公司	1.1020 1.1020 3.04
1005 ××多策略集合资产管理计划	××证券股份有限公司	1.0031 1.3031 1.21
1006 ××债券优选集合资产管理计划	××证券资产管理有限公司 1.0215 1.0215 2.66
1001 ××证券资产管理计划（第×期）	××证券股份有限公司	1.0123 1.0123 2.15
1002 ××集合资产管理计划	××证券资产管理有限公司 1.0456 1.2456 1.87
1003 ××稳健收益集合资产管理计划	××证券股份有限公司	0.9987 1.0987 0.52
1004 ××定向资产管理计划（××号）	××资产管理有限公司	1.1020 1.1020 3.04
1005 ××多策略集合资产管理计划	××证券股份有限公司	1.0031 1.3031 1.21
1006 ××债券优选集合资产管理计划	××证券资产管理有限公司 1.0215 1.0215 2.66
1001 ××证券资产管理计划（第×期）	××证券股份有限公司	1.0123 1.0123 2.15
1002 ××集合资产管理计划	××证券资产管理有限公司 1.0456 1.2456 1.87
1003 ××稳健收益集合资产管理计划	××证券股份有限公司	0.9987 1.0987 0.52
1004 ××定向资产管理计划（××号）	××资产管理有限公司	1.1020 1.1020 3.04
1005 ××多策略集合资产管理计划	××证券股份有限公司	1.0031 1.3031 1.21
1006 ××债券优选集合资产管理计划	××证券资产管理有限公司 1.0215 1.0215 2.66
1001 ××证券资产管理计划（第×期）	××证券股份有限公司	1.0123 1.0123 2.15
1002 ××集合资产管理计划	××证券资产管理有限公司 1.0456 1.2456 1.87
1003 ××稳健收益集合资产管理计划	××证券股份有限公司	0.9987 1.0987 0.52
1004 ××定向资产管理计划（××号）	××资产管理有限公司	1.1020 1.1020 3.04
1005 ××多策略集合资产管理计划	××证券股份有限公司	1.0031 1.3031 1.21
1006 ××债券优选集合资产管理计划	××证券资产管理有限公司 1.0215 1.0215 2.66
1001 ××证券资产管理计划（第×期）	××证券股份有限公司	1.0123 1.0123 2.15
1002 ××集合资产管理计划	××证券资产管理有限公司 1.0456 1.2456 1.87
1003 ××稳健收益集合资产管理计划	××证券股份有限公司	0.9987 1.0987 0.52
1004 ××定向资产管理计划（××号）	××资产管理有限公司	1.1020 1.1020 3.04
1005 ××多策略集合资产管理计划	××证券股份有限公司	1.0031 1.3031 1.21
1006 ××债券优选集合资产管理计划	××证券资产管理有限公司 1.0215 1.0215 2.66
1001 ××证券资产管理计划（第×期）	××证券股份有限公司	1.0123 1.0123 2.15
1002 ××集合资产管理计划	××证券资产管理有限公司 1.0456 1.2456 1.87
1003 ××稳健收益集合资产管理计划	××证券股份有限公司	0.9987 1.0987 0.52
1004 ××定向资产管理计划（××号）	××资产管理有限公司	1.1020 1.1020 3.04
1005 ××多策略集合资产管理计划	××证券股份有限公司	1.0031 1.3031 1.21
1006 ××债券优选集合资产管理计划	××证券资产管理有限公司 1.0215 1.0215 2.66
1001 ××证券资产管理计划（第×期）	××证券股份有限公司	1.0123 1.0123 2.15
1002 ××集合资产管理计划	××证券资产管理有限公司 1.0456 1.2456 1.87
1003 ××稳健收益集合资产管理计划	××证券股份有限公司	0.9987 1.0987 0.52
1004 ××定向资产管理计划（××号）	××资产管理有限公司	1.1020 1.1020 3.04
1005 ××多策略集合资产管理计划	××证券股份有限公司	1.0031 1.3031 1.21
1006 ××债券优选集合资产管理计划	××证券资产管理有限公司 1.0215 1.0215 2.66
1001 ××证券资产管理计划（第×期）	××证券股份有限公司	1.0123 1.0123 2.15
1002 ××集合资产管理计划	××证券资产管理有限公司 1.0456 1.2456 1.87
1003 ××稳健收益集合资产管理计划	××证券股份有限公司	0.9987 1.0987 0.52
1004 ××定向资产管理计划（××号）	××资产管理有限公司	1.1020 1.1020 3.04
1005 ××多策略集合资产管理计划	××证券股份有限公司	1.0031 1.3031 1.21
1006 ××债券优选集合资产管理计划	××证券资产管理有限公司 1.0215 1.0215 2.66
1001 ××证券资产管理计划（第×期）	××证券股份有限公司	1.0123 1.0123 2.15
1002 ××集合资产管理计划	××证券资产管理有限公司 1.0456 1.2456 1.87
1003 ××稳健收益集合资产管理计划	××证券股份有限公司	0.9987 1.0987 0.52
1004 ××定向资产管理计划（××号）	××资产管理有限公司	1.1020 1.1020 3.04
1005 ××多策略集合资产管理计划	××证券股份有限公司	1.0031 1.3031 1.21
1006 ××债券优选集合资产管理计划	××证券资产管理有限公司 1.0215 1.0215 2.66
1001 ××证券资产管理计划（第×期）	××证券股份有限公司	1.0123 1.0123 2.15
1002 ××集合资产管理计划	××证券资产管理有限公司 1.0456 1.2456 1.87
1003 ××稳健收益集合资产管理计划	××证券股份有限公司	0.9987 1.0987 0.52
1004 ××定向资产管理计划（××号）	××资产管理有限公司	1.1020 1.1020 3.04
1005 ××多策略集合资产管理计划	××证券股份有限公司	1.0031 1.3031 1.21
1006 ××债券优选集合资产管理计划	××证券资产管理有限公司 1.0215 1.0215 2.66
1001 ××证券资产管理计划（第×期）	××证券股份有限公司	1.0123 1.0123 2.15
1002 ××集合资产管理计划	××证券资产管理有限公司 1.0456 1.2456 1.87
1003 ××稳健收益集合资产管理计划	××证券股份有限公司	0.9987 1.0987 0.52
1004 ××定向资产管理计划（××号）	××资产管理有限公司	1.1020 1.1020 3.04
1005 ××多策略集合资产管理计划	××证券股份有限公司	1.0031 1.3031 1.21
1006 ××债券优选集合资产管理计划	××证券资产管理有限公司 1.0215 1.0215 2.66
1001 ××证券资产管理计划（第×期）	××证券股份有限公司	1.0123 1.0123 2.15
1002 ××集合资产管理计划	××证券资产管理有限公司 1.0456 1.2456 1.87
1003 ××稳健收益集合资产管理计划	××证券股份有限公司	0.9987 1.0987 0.52
1004 ××定向资产管理计划（××号）	××资产管理有限公司	1.1020 1.1020 3.04
1005 ××多策略集合资产管理计划	××证券股份有限公司	1.0031 1.3031 1.21
1006 ××债券优选集合资产管理计划	××证券资产管理有限公司 1.0215 1.0215 2.66
1001 ××证券资产管理计划（第×期）	××证券股份有限公司	1.0123 1.0123 2.15
1002 ××集合资产管理计划	××证券资产管理有限公司 1.0456 1.2456 1.87
1003 ××稳健收益集合资产管理计划	××证券股份有限公司	0.9987 1.0987 0.52
1004 ××定向资产管理计划（××号）	××资产管理有限公司	1.1020 1.1020 3.04
1005 ××多策略集合资产管理计划	××证券股份有限公司	1.0031 1.3031 1.21
1006 ××债券优选集合资产管理计划	××证券资产管理有限公司 1.0215 1.0215 2.66
1001 ××证券资产管理计划（第×期）	××证券股份有限公司	1.0123 1.0123 2.15
1002 ××集合资产管理计划	××证券资产管理有限公司 1.0456 1.2456 1.87
1003 ××稳健收益集合资产管理计划	××证券股份有限公司	0.9987 1.0987 0.52
1004 ××定向资产管理计划（××号）	××资产管理有限公司	1.1020 1.1020 3.04
1005 ××多策略集合资产管理计划	××证券股份有限公司	1.0031 1.3031 1.21
1006 ××债券优选集合资产管理计划	××证券资产管理有限公司 1.0215 1.0215 2.66
1001 ××证券资产管理计划（第×期）	××证券股份有限公司	1.0123 1.0123 2.15
1002 ××集合资产管理计划	××证券资产管理有限公司 1.0456 1.2456 1.87
1003 ××稳健收益集合资产管理计划	××证券股份有限公司	0.9987 1.0987 0.52
1004 ××定向资产管理计划（××号）	××资产管理有限公司	1.1020 1.1020 3.04
1005 ××多策略集合资产管理计划	××证券股份有限公司	1.0031 1.3031 1.21
1006 ××债券优选集合资产管理计划	××证券资产管理有限公司 1.0215 1.0215 2.66
1001 ××证券资产管理计划（第×期）	××证券股份有限公司	1.0123 1.0123 2.15
1002 ××集合资产管理计划	××证券资产管理有限公司 1.0456 1.2456 1.87
1003 ××稳健收益集合资产管理计划	××证券股份有限公司	0.9987 1.0987 0.52
1004 ××定向资产管理计划（××号）	××资产管理有限公司	1.1020 1.1020 3.04
1005 ××多策略集合资产管理计划	××证券股份有限公司	1.0031 1.3031 1.21
1006 ××债券优选集合资产管理计划	××证券资产管理有限公司 1.0215 1.0215 2.66
1001 ××证券资产管理计划（第×期）	××证券股份有限公司	1.0123 1.0123 2.15
1002 ××集合资产管理计划	××证券资产管理有限公司 1.0456 1.2456 1.87
1003 ××稳健收益集合资产管理计划	××证券股份有限公司	0.9987 1.0987 0.52
1004 ××定向资产管理计划（××号）	××资产管理有限公司	1.1020 1.1020 3.04
1005 ××多策略集合资产管理计划	××证券股份有限公司	1.0031 1.3031 1.21
1006 ××债券优选集合资产管理计划	××证券资产管理有限公司 1.0215 1.0215 2.66
1001 ××证券资产管理计划（第×期）	××证券股份有限公司	1.0123 1.0123 2.15
1002 ××集合资产管理计划	××证券资产管理有限公司 1.0456 1.2456 1.87
1003 ××稳健收益集合资产管理计划	××证券股份有限公司	0.9987 1.0987 0.52
1004 ××定向资产管理计划（××号）	××资产管理有限公司	1.1020 1.1020 3.04
1005 ××多策略集合资产管理计划	××证券股份有限公司	1.0031 1.3031 1.21
1006 ××债券优选集合资产管理计划	××证券资产管理有限公司 1.0215 1.0215 2.66
1001 ××证券资产管理计划（第×期）	××证券股份有限公司	1.0123 1.0123 2.15
1002 ××集合资产管理计划	××证券资产管理有限公司 1.0456 1.2456 1.87
1003 ××稳健收益集合资产管理计划	××证券股份有限公司	0.9987 1.0987 0.52
1004 ××定向资产管理计划（××号）	××资产管理有限公司	1.1020 1.1020 3.04
1005 ××多策略集合资产管理计划	××证券股份有限公司	1.0031 1.3031 1.21
1006 ××债券优选集合资产管理计划	××证券资产管理有限公司 1.0215 1.0215 2.66
1001 ××证券资产管理计划（第×期）	××证券股份有限公司	1.0123 1.0123 2.15
1002 ××集合资产管理计划	××证券资产管理有限公司 1.0456 1.2456 1.87
1003 ××稳健收益集合资产管理计划	××证券股份有限公司	0.9987 1.0987 0.52
1004 ××定向资产管理计划（××号）	××资产管理有限公司	1.1020 1.1020 3.04
1005 ××多策略集合资产管理计划	××证券股份有限公司	1.0031 1.3031 1.21
1006 ××债券优选集合资产管理计划	××证券资产管理有限公司 1.0215 1.0215 2.66
1001 ××证券资产管理计划（第×期）	××证券股份有限公司	1.0123 1.0123 2.15
1002 ××集合资产管理计划	××证券资产管理有限公司 1.0456 1.2456 1.87
1003 ××稳健收益集合资产管理计划	××证券股份有限公司	0.9987 1.0987 0.52
1004 ××定向资产管理计划（××号）	××资产管理有限公司	1.1020 1.1020 3.04
1005 ××多策略集合资产管理计划	××证券股份有限公司	1.0031 1.3031 1.21
1006 ××债券优选集合资产管理计划	××证券资产管理有限公司 1.0215 1.0215 2.66
1001 ××证券资产管理计划（第×期）	××证券股份有限公司	1.0123 1.0123 2.15
1002 ××集合资产管理计划	××证券资产管理有限公司 1.0456 1.2456 1.87
1003 ××稳健收益集合资产管理计划	××证券股份有限公司	0.9987 1.0987 0.52
1004 ××定向资产管理计划（××号）	××资产管理有限公司	1.1020 1.1020 3.04
1005 ××多策略集合资产管理计划	××证券股份有限公司	1.0031 1.3031 1.21
1006 ××债券优选集合资产管理计划	××证券资产管理有限公司 1.0215 1.0215 2.66
1001 ××证券资产管理计划（第×期）	××证券股份有限公司	1.0123 1.0123 2.15
1002 ××集合资产管理计划	××证券资产管理有限公司 1.0456 1.2456 1.87
1003 ××稳健收益集合资产管理计划	××证券股份有限公司	0.9987 1.0987 0.52
1004 ××定向资产管理计划（××号）	××资产管理有限公司	1.1020 1.1020 3.04
1005 ××多策略集合资产管理计划	××证券股份有限公司	1.0031 1.3031 1.21
1006 ××债券优选集合资产管理计划	××证券资产管理有限公司 1.0215 1.0215 2.66
1001 ××证券资产管理计划（第×期）	××证券股份有限公司	1.0123 1.0123 2.15
1002 ××集合资产管理计划	××证券资产管理有限公司 1.0456 1.2456 1.87
1003 ××稳健收益集合资产管理计划	××证券股份有限公司	0.9987 1.0987 0.52
1004 ××定向资产管理计划（××号）	××资产管理有限公司	1.1020 1.1020 3.04
1005 ××多策略集合资产管理计划	××证券股份有限公司	1.0031 1.3031 1.21
1006 ××债券优选集合资产管理计划	××证券资产管理有限公司 1.0215 1.0215 2.66
1001 ××证券资产管理计划（第×期）	××证券股份有限公司	1.0123 1.0123 2.15
1002 ××集合资产管理计划	××证券资产管理有限公司 1.0456 1.2456 1.87
1003 ××稳健收益集合资产管理计划	××证券股份有限公司	0.9987 1.0987 0.52
1004 ××定向资产管理计划（××号）	××资产管理有限公司	1.1020 1.1020 3.04
1005 ××多策略集合资产管理计划	××证券股份有限公司	1.0031 1.3031 1.21
1006 ××债券优选集合资产管理计划	××证券资产管理有限公司 1.0215 1.0215 2.66
1001 ××证券资产管理计划（第×期）	××证券股份有限公司	1.0123 1.0123 2.15
1002 ××集合资产管理计划	××证券资产管理有限公司 1.0456 1.2456 1.87
1003 ××稳健收益集合资产管理计划	××证券股份有限公司	0.9987 1.0987 0.52
1004 ××定向资产管理计划（××号）	××资产管理有限公司	1.1020 1.1020 3.04
1005 ××多策略集合资产管理计划	××证券股份有限公司	1.0031 1.3031 1.21
1006 ××债券优选集合资产管理计划	××证券资产管理有限公司 1.0215 1.0215 2.66
1001 ××证券资产管理计划（第×期）	××证券股份有限公司	1.0123 1.0123 2.15
1002 ××集合资产管理计划	××证券资产管理有限公司 1.0456 1.2456 1.87
1003 ××稳健收益集合资产管理计划	××证券股份有限公司	0.9987 1.0987 0.52
1004 ××定向资产管理计划（××号）	××资产管理有限公司	1.1020 1.1020 3.04
1005 ××多策略集合资产管理计划	××证券股份有限公司	1.0031 1.3031 1.21
1006 ××债券优选集合资产管理计划	××证券资产管理有限公司 1.0215 1.0215 2.66
1001 ××证券资产管理计划（第×期）	××证券股份有限公司	1.0123 1.0123 2.15
1002 ××集合资产管理计划	××证券资产管理有限公司 1.0456 1.2456 1.87
1003 ××稳健收益集合资产管理计划	××证券股份有限公司	0.9987 1.0987 0.52
1004 ××定向资产管理计划（××号）	××资产管理有限公司	1.1020 1.1020 3.04
1005 ××多策略集合资产管理计划	××证券股份有限公司	1.0031 1.3031 1.21
1006 ××债券优选集合资产管理计划	××证券资产管理有限公司 1.0215 1.0215 2.66
1001 ××证券资产管理计划（第×期）	××证券股份有限公司	1.0123 1.0123 2.15
1002 ××集合资产管理计划	××证券资产管理有限公司 1.0456 1.2456 1.87
1003 ××稳健收益集合资产管理计划	××证券股份有限公司	0.9987 1.0987 0.52
1004 ××定向资产管理计划（××号）	××资产管理有限公司	1.1020 1.1020 3.04
1005 ××多策略集合资产管理计划	××证券股份有限公司	1.0031 1.3031 1.21
1006 ××债券优选集合资产管理计划	××证券资产管理有限公司 1.0215 1.0215 2.66
1001 ××证券资产管理计划（第×期）	××证券股份有限公司	1.0123 1.0123 2.15
1002 ××集合资产管理计划	××证券资产管理有限公司 1.0456 1.2456 1.87
1003 ××稳健收益集合资产管理计划	××证券股份有限公司	0.9987 1.0987 0.52
1004 ××定向资产管理计划（××号）	××资产管理有限公司	1.1020 1.1020 3.04
1005 ××多策略集合资产管理计划	××证券股份有限公司	1.0031 1.3031 1.21
1006 ××债券优选集合资产管理计划	××证券资产管理有限公司 1.0215 1.0215 2.66
1001 ××证券资产管理计划（第×期）	××证券股份有限公司	1.0123 1.0123 2.15
1002 ××集合资产管理计划	××证券资产管理有限公司 1.0456 1.2456 1.87
1003 ××稳健收益集合资产管理计划	××证券股份有限公司	0.9987 1.0987 0.52
1004 ××定向资产管理计划（××号）	××资产管理有限公司	1.1020 1.1020 3.04
1005 ××多策略集合资产管理计划	××证券股份有限公司	1.0031 1.3031 1.21
1006 ××债券优选集合资产管理计划	××证券资产管理有限公司 1.0215 1.0215 2.66
1001 ××证券资产管理计划（第×期）	××证券股份有限公司	1.0123 1.0123 2.15
1002 ××集合资产管理计划	××证券资产管理有限公司 1.0456 1.2456 1.87
1003 ××稳健收益集合资产管理计划	××证券股份有限公司	0.9987 1.0987 0.52
1004 ××定向资产管理计划（××号）	××资产管理有限公司	1.1020 1.1020 3.04
1005 ××多策略集合资产管理计划	××证券股份有限公司	1.0031 1.3031 1.21
1006 ××债券优选集合资产管理计划	××证券资产管理有限公司 1.0215 1.0215 2.66
1001 ××证券资产管理计划（第×期）	××证券股份有限公司	1.0123 1.0123 2.15
1002 ××集合资产管理计划	××证券资产管理有限公司 1.0456 1.2456 1.87
1003 ××稳健收益集合资产管理计划	××证券股份有限公司	0.9987 1.0987 0.52
1004 ××定向资产管理计划（××号）	××资产管理有限公司	1.1020 1.1020 3.04
1005 ××多策略集合资产管理计划	××证券股份有限公司	1.0031 1.3031 1.21
1006 ××债券优选集合资产管理计划	××证券资产管理有限公司 1.0215 1.0215 2.66
1001 ××证券资产管理计划（第×期）	××证券股份有限公司	1.0123 1.0123 2.15
1002 ××集合资产管理计划	××证券资产管理有限公司 1.0456 1.2456 1.87
1003 ××稳健收益集合资产管理计划	××证券股份有限公司	0.9987 1.0987 0.52
1004 ××定向资产管理计划（××号）	××资产管理有限公司	1.1020 1.1020 3.04
1005 ××多策略集合资产管理计划	××证券股份有限公司	1.0031 1.3031 1.21
1006 ××债券优选集合资产管理计划	××证券资产管理有限公司 1.0215 1.0215 2.66
1001 ××证券资产管理计划（第×期）	××证券股份有限公司	1.0123 1.0123 2.15
1002 ××集合资产管理计划	××证券资产管理有限公司 1.0456 1.2456 1.87
1003 ××稳健收益集合资产管理计划	××证券股份有限公司	0.9987 1.0987 0.52
1004 ××定向资产管理计划（××号）	××资产管理有限公司	1.1020 1.1020 3.04
1005 ××多策略集合资产管理计划	××证券股份有限公司	1.0031 1.3031 1.21
1006 ××债券优选集合资产管理计划	××证券资产管理有限公司 1.0215 1.0215 2.66
1001 ××证券资产管理计划（第×期）	××证券股份有限公司	1.0123 1.0123 2.15
1002 ××集合资产管理计划	××证券资产管理有限公司 1.0456 1.2456 1.87
1003 ××稳健收益集合资产管理计划	××证券股份有限公司	0.9987 1.0987 0.52
1004 ××定向资产管理计划（××号）	××资产管理有限公司	1.1020 1.1020 3.04
1005 ××多策略集合资产管理计划	××证券股份有限公司	1.0031 1.3031 1.21
1006 ××债券优选集合资产管理计划	××证券资产管理有限公司 1.0215 1.0215 2.66
1001 ××证券资产管理计划（第×期）	××证券股份有限公司	1.0123 1.0123 2.15
1002 ××集合资产管理计划	××证券资产管理有限公司 1.0456 1.2456 1.87
1003 ××稳健收益集合资产管理计划	××证券股份有限公司	0.9987 1.0987 0.52
1004 ××定向资产管理计划（××号）	××资产管理有限公司	1.1020 1.1020 3.04
1005 ××多策略集合资产管理计划	××证券股份有限公司	1.0031 1.3031 1.21
1006 ××债券优选集合资产管理计划	××证券资产管理有限公司 1.0215 1.0215 2.66
1001 ××证券资产管理计划（第×期）	××证券股份有限公司	1.0123 1.0123 2.15
1002 ××集合资产管理计划	××证券资产管理有限公司 1.0456 1.2456 1.87
1003 ××稳健收益集合资产管理计划	××证券股份有限公司	0.9987 1.0987 0.52
1004 ××定向资产管理计划（××号）	××资产管理有限公司	1.1020 1.1020 3.04
1005 ××多策略集合资产管理计划	××证券股份有限公司	1.0031 1.3031 1.21
1006 ××债券优选集合资产管理计划	××证券资产管理有限公司 1.0215 1.0215 2.66
1001 ××证券资产管理计划（第×期）	××证券股份有限公司	1.0123 1.0123 2.15
1002 ××集合资产管理计划	××证券资产管理有限公司 1.0456 1.2456 1.87
1003 ××稳健收益集合资产管理计划	××证券股份有限公司	0.9987 1.0987 0.52
1004 ××定向资产管理计划（××号）	××资产管理有限公司	1.1020 1.1020 3.04
1005 ××多策略集合资产管理计划	××证券股份有限公司	1.0031 1.3031 1.21
1006 ××债券优选集合资产管理计划	××证券资产管理有限公司 1.0215 1.0215 2.66
1001 ××证券资产管理计划（第×期）	××证券股份有限公司	1.0123 1.0123 2.15
1002 ××集合资产管理计划	××证券资产管理有限公司 1.0456 1.2456 1.87
1003 ××稳健收益集合资产管理计划	××证券股份有限公司	0.9987 1.0987 0.52
1004 ××定向资产管理计划（××号）	××资产管理有限公司	1.1020 1.1020 3.04
1005 ××多策略集合资产管理计划	××证券股份有限公司	1.0031 1.3031 1.21
1006 ××债券优选集合资产管理计划	××证券资产管理有限公司 1.0215 1.0215 2.66
1001 ××证券资产管理计划（第×期）	××证券股份有限公司	1.0123 1.0123 2.15
1002 ××集合资产管理计划	××证券资产管理有限公司 1.0456 1.2456 1.87
1003 ××稳健收益集合资产管理计划	××证券股份有限公司	0.9987 1.0987 0.52
1004 ××定向资产管理计划（××号）	××资产管理有限公司	1.1020 1.1020 3.04
1005 ××多策略集合资产管理计划	××证券股份有限公司	1.0031 1.3031 1.21
1006 ××债券优选集合资产管理计划	××证券资产管理有限公司 1.0215 1.0215 2.66
1001 ××证券资产管理计划（第×期）	××证券股份有限公司	1.0123 1.0123 2.15
1002 ××集合资产管理计划	××证券资产管理有限公司 1.0456 1.2456 1.87
1003 ××稳健收益集合资产管理计划	××证券股份有限公司	0.9987 1.0987 0.52
1004 ××定向资产管理计划（××号）	××资产管理有限公司	1.1020 1.1020 3.04
1005 ××多策略集合资产管理计划	××证券股份有限公司	1.0031 1.3031 1.21
1006 ××债券优选集合资产管理计划	××证券资产管理有限公司 1.0215 1.0215 2.66
1001 ××证券资产管理计划（第×期）	××证券股份有限公司	1.0123 1.0123 2.15
1002 ××集合资产管理计划	××证券资产管理有限公司 1.0456 1.2456 1.87
1003 ××稳健收益集合资产管理计划	××证券股份有限公司	0.9987 1.0987 0.52
1004 ××定向资产管理计划（××号）	××资产管理有限公司	1.1020 1.1020 3.04
1005 ××多策略集合资产管理计划	××证券股份有限公司	1.0031 1.3031 1.21
1006 ××债券优选集合资产管理计划	××证券资产管理有限公司 1.0215 1.0215 2.66
1001 ××证券资产管理计划（第×期）	××证券股份有限公司	1.0123 1.0123 2.15
1002 ××集合资产管理计划	××证券资产管理有限公司 1.0456 1.2456 1.87
1003 ××稳健收益集合资产管理计划	××证券股份有限公司	0.9987 1.0987 0.52
1004 ××定向资产管理计划（××号）	××资产管理有限公司	1.1020 1.1020 3.04
1005 ××多策略集合资产管理计划	××证券股份有限公司	1.0031 1.3031 1.21
1006 ××债券优选集合资产管理计划	××证券资产管理有限公司 1.0215 1.0215 2.66
1001 ××证券资产管理计划（第×期）	××证券股份有限公司	1.0123 1.0123 2.15
1002 ××集合资产管理计划	××证券资产管理有限公司 1.0456 1.2456 1.87
1003 ××稳健收益集合资产管理计划	××证券股份有限公司	0.9987 1.0987 0.52
1004 ××定向资产管理计划（××号）	××资产管理有限公司	1.1020 1.1020 3.04
1005 ××多策略集合资产管理计划	××证券股份有限公司	1.0031 1.3031 1.21
1006 ××债券优选集合资产管理计划	××证券资产管理有限公司 1.0215 1.0215 2.66
1001 ××证券资产管理计划（第×期）	××证券股份有限公司	1.0123 1.0123 2.15
1002 ××集合资产管理计划	××证券资产管理有限公司 1.0456 1.2456 1.87
1003 ××稳健收益集合资产管理计划	××证券股份有限公司	0.9987 1.0987 0.52
1004 ××定向资产管理计划（××号）	××资产管理有限公司	1.1020 1.1020 3.04
1005 ××多策略集合资产管理计划	××证券股份有限公司	1.0031 1.3031 1.21
1006 ××债券优选集合资产管理计划	××证券资产管理有限公司 1.0215 1.0215 2.66
1001 ××证券资产管理计划（第×期）	××证券股份有限公司	1.0123 1.0123 2.15
1002 ××集合资产管理计划	××证券资产管理有限公司 1.0456 1.2456 1.87
1003 ××稳健收益集合资产管理计划	××证券股份有限公司	0.9987 1.0987 0.52
1004 ××定向资产管理计划（××号）	××资产管理有限公司	1.1020 1.1020 3.04
1005 ××多策略集合资产管理计划	××证券股份有限公司	1.0031 1.3031 1.21
1006 ××债券优选集合资产管理计划	××证券资产管理有限公司 1.0215 1.0215 2.66
1001 ××证券资产管理计划（第×期）	××证券股份有限公司	1.0123 1.0123 2.15
1002 ××集合资产管理计划	××证券资产管理有限公司 1.0456 1.2456 1.87
1003 ××稳健收益集合资产管理计划	××证券股份有限公司	0.9987 1.0987 0.52
1004 ××定向资产管理计划（××号）	××资产管理有限公司	1.1020 1.1020 3.04
1005 ××多策略集合资产管理计划	××证券股份有限公司	1.0031 1.3031 1.21
1006 ××债券优选集合资产管理计划	××证券资产管理有限公司 1.0215 1.0215 2.66
1001 ××证券资产管理计划（第×期）	××证券股份有限公司	1.0123 1.0123 2.15
1002 ××集合资产管理计划	××证券资产管理有限公司 1.0456 1.2456 1.87
1003 ××稳健收益集合资产管理计划	××证券股份有限公司	0.9987 1.0987 0.52
1004 ××定向资产管理计划（××号）	××资产管理有限公司	1.1020 1.1020 3.04
1005 ××多策略集合资产管理计划	××证券股份有限公司	1.0031 1.3031 1.21
1006 ××债券优选集合资产管理计划	××证券资产管理有限公司 1.0215 1.0215 2.66
1001 ××证券资产管理计划（第×期）	××证券股份有限公司	1.0123 1.0123 2.15
1002 ××集合资产管理计划	××证券资产管理有限公司 1.0456 1.2456 1.87
1003 ××稳健收益集合资产管理计划	××证券股份有限公司	0.9987 1.0987 0.52
1004 ××定向资产管理计划（××号）	××资产管理有限公司	1.1020 1.1020 3.04
1005 ××多策略集合资产管理计划	××证券股份有限公司	1.0031 1.3031 1.21
1006 ××债券优选集合资产管理计划	××证券资产管理有限公司 1.0215 1.0215 2.66
1001 ××证券资产管理计划（第×期）	××证券股份有限公司	1.0123 1.0123 2.15
1002 ××集合资产管理计划	××证券资产管理有限公司 1.0456 1.2456 1.87
1003 ××稳健收益集合资产管理计划	××证券股份有限公司	0.9987 1.0987 0.52
1004 ××定向资产管理计划（××号）	××资产管理有限公司	1.1020 1.1020 3.04
1005 ××多策略集合资产管理计划	××证券股份有限公司	1.0031 1.3031 1.21
1006 ××债券优选集合资产管理计划	××证券资产管理有限公司 1.0215 1.0215 2.66
1001 ××证券资产管理计划（第×期）	××证券股份有限公司	1.0123 1.0123 2.15
1002 ××集合资产管理计划	××证券资产管理有限公司 1.0456 1.2456 1.87
1003 ××稳健收益集合资产管理计划	××证券股份有限公司	0.9987 1.0987 0.52
1004 ××定向资产管理计划（××号）	××资产管理有限公司	1.1020 1.1020 3.04
1005 ××多策略集合资产管理计划	××证券股份有限公司	1.0031 1.3031 1.21
1006 ××债券优选集合资产管理计划	××证券资产管理有限公司 1.0215 1.0215 2.66
1001 ××证券资产管理计划（第×期）	××证券股份有限公司	1.0123 1.0123 2.15
1002 ××集合资产管理计划	××证券资产管理有限公司 1.0456 1.2456 1.87
1003 ××稳健收益集合资产管理计划	××证券股份有限公司	0.9987 1.0987 0.52
1004 ××定向资产管理计划（××号）	××资产管理有限公司	1.1020 1.1020 3.04
1005 ××多策略集合资产管理计划	××证券股份有限公司	1.0031 1.3031 1.21
1006 ××债券优选集合资产管理计划	××证券资产管理有限公司 1.0215 1.0215 2.66
1001 ××证券资产管理计划（第×期）	××证券股份有限公司	1.0123 1.0123 2.15
1002 ××集合资产管理计划	××证券资产管理有限公司 1.0456 1.2456 1.87
1003 ××稳健收益集合资产管理计划	××证券股份有限公司	0.9987 1.0987 0.52
1004 ××定向资产管理计划（××号）	××资产管理有限公司	1.1020 1.1020 3.04
1005 ××多策略集合资产管理计划	××证券股份有限公司	1.0031 1.3031 1.21
1006 ××债券优选集合资产管理计划	××证券资产管理有限公司 1.0215 1.0215 2.66
1001 ××证券资产管理计划（第×期）	××证券股份有限公司	1.0123 1.0123 2.15
1002 ××集合资产管理计划	××证券资产管理有限公司 1.0456 1.2456 1.87
1003 ××稳健收益集合资产管理计划	××证券股份有限公司	0.9987 1.0987 0.52
1004 ××定向资产管理计划（××号）	××资产管理有限公司	1.1020 1.1020 3.04
1005 ××多策略集合资产管理计划	××证券股份有限公司	1.0031 1.3031 1.21
1006 ××债券优选集合资产管理计划	××证券资产管理有限公司 1.0215 1.0215 2.66
1001 ××证券资产管理计划（第×期）	××证券股份有限公司	1.0123 1.0123 2.15
1002 ××集合资产管理计划	××证券资产管理有限公司 1.0456 1.2456 1.87
1003 ××稳健收益集合资产管理计划	××证券股份有限公司	0.9987 1.0987 0.52
1004 ××定向资产管理计划（××号）	××资产管理有限公司	1.1020 1.1020 3.04
1005 ××多策略集合资产管理计划	××证券股份有限公司	1.0031 1.3031 1.21
1006 ××债券优选集合资产管理计划	××证券资产管理有限公司 1.0215 1.0215 2.66
1001 ××证券资产管理计划（第×期）	××证券股份有限公司	1.0123 1.0123 2.15
1002 ××集合资产管理计划	××证券资产管理有限公司 1.0456 1.2456 1.87
1003 ××稳健收益集合资产管理计划	××证券股份有限公司	0.9987 1.0987 0.52
1004 ××定向资产管理计划（××号）	××资产管理有限公司	1.1020 1.1020 3.04
1005 ××多策略集合资产管理计划	××证券股份有限公司	1.0031 1.3031 1.21
1006 ××债券优选集合资产管理计划	××证券资产管理有限公司 1.0215 1.0215 2.66
1001 ××证券资产管理计划（第×期）	××证券股份有限公司	1.0123 1.0123 2.15
1002 ××集合资产管理计划	××证券资产管理有限公司 1.0456 1.2456 1.87
1003 ××稳健收益集合资产管理计划	××证券股份有限公司	0.9987 1.0987 0.52
1004 ××定向资产管理计划（××号）	××资产管理有限公司	1.1020 1.1020 3.04
1005 ××多策略集合资产管理计划	××证券股份有限公司	1.0031 1.3031 1.21
1006 ××债券优选集合资产管理计划	××证券资产管理有限公司 1.0215 1.0215 2.66
1001 ××证券资产管理计划（第×期）	××证券股份有限公司	1.0123 1.0123 2.15
1002 ××集合资产管理计划	××证券资产管理有限公司 1.0456 1.2456 1.87
1003 ××稳健收益集合资产管理计划	××证券股份有限公司	0.9987 1.0987 0.52
1004 ××定向资产管理计划（××号）	××资产管理有限公司	1.1020 1.1020 3.04
1005 ××多策略集合资产管理计划	××证券股份有限公司	1.0031 1.3031 1.21
1006 ××债券优选集合资产管理计划	××证券资产管理有限公司 1.0215 1.0215 2.66
1001 ××证券资产管理计划（第×期）	××证券股份有限公司	1.0123 1.0123 2.15
1002 ××集合资产管理计划	××证券资产管理有限公司 1.0456 1.2456 1.87
1003 ××稳健收益集合资产管理计划	××证券股份有限公司	0.9987 1.0987 0.52
1004 ××定向资产管理计划（××号）	××资产管理有限公司	1.1020 1.1020 3.04
1005 ××多策略集合资产管理计划	××证券股份有限公司	1.0031 1.3031 1.21
1006 ××债券优选集合资产管理计划	××证券资产管理有限公司 1.0215 1.0215 2.66
1001 ××证券资产管理计划（第×期）	××证券股份有限公司	1.0123 1.0123 2.15
1002 ××集合资产管理计划	××证券资产管理有限公司 1.0456 1.2456 1.87
1003 ××稳健收益集合资产管理计划	××证券股份有限公司	0.9987 1.0987 0.52
1004 ××定向资产管理计划（××号）	××资产管理有限公司	1.1020 1.1020 3.04
1005 ××多策略集合资产管理计划	××证券股份有限公司	1.0031 1.3031 1.21
1006 ××债券优选集合资产管理计划	××证券资产管理有限公司 1.0215 1.0215 2.66
1001 ××证券资产管理计划（第×期）	××证券股份有限公司	1.0123 1.0123 2.15
1002 ××集合资产管理计划	××证券资产管理有限公司 1.0456 1.2456 1.87
1003 ××稳健收益集合资产管理计划	××证券股份有限公司	0.9987 1.0987 0.52
1004 ××定向资产管理计划（××号）	××资产管理有限公司	1.1020 1.1020 3.04
1005 ××多策略集合资产管理计划	××证券股份有限公司	1.0031 1.3031 1.21
1006 ××债券优选集合资产管理计划	××证券资产管理有限公司 1.0215 1.0215 2.66
1001 ××证券资产管理计划（第×期）	××证券股份有限公司	1.0123 1.0123 2.15
1002 ××集合资产管理计划	××证券资产管理有限公司 1.0456 1.2456 1.87
1003 ××稳健收益集合资产管理计划	××证券股份有限公司	0.9987 1.0987 0.52
1004 ××定向资产管理计划（××号）	××资产管理有限公司	1.1020 1.1020 3.04
1005 ××多策略集合资产管理计划	××证券股份有限公司	1.0031 1.3031 1.21
1006 ××债券优选集合资产管理计划	××证券资产管理有限公司 1.0215 1.0215 2.66
1001 ××证券资产管理计划（第×期）	××证券股份有限公司	1.0123 1.0123 2.15
1002 ××集合资产管理计划	××证券资产管理有限公司 1.0456 1.2456 1.87
1003 ××稳健收益集合资产管理计划	××证券股份有限公司	0.9987 1.0987 0.52
1004 ××定向资产管理计划（××号）	××资产管理有限公司	1.1020 1.1020 3.04
1005 ××多策略集合资产管理计划	××证券股份有限公司	1.0031 1.3031 1.21
1006 ××债券优选集合资产管理计划	××证券资产管理有限公司 1.0215 1.0215 2.66
1001 ××证券资产管理计划（第×期）	××证券股份有限公司	1.0123 1.0123 2.15
1002 ××集合资产管理计划	××证券资产管理有限公司 1.0456 1.2456 1.87
1003 ××稳健收益集合资产管理计划	××证券股份有限公司	0.9987 1.0987 0.52
1004 ××定向资产管理计划（××号）	××资产管理有限公司	1.1020 1.1020 3.04
1005 ××多策略集合资产管理计划	××证券股份有限公司	1.0031 1.3031 1.21
1006 ××债券优选集合资产管理计划	××证券资产管理有限公司 1.0215 1.0215 2.66
1001 ××证券资产管理计划（第×期）	××证券股份有限公司	1.0123 1.0123 2.15
1002 ××集合资产管理计划	××证券资产管理有限公司 1.0456 1.2456 1.87
1003 ××稳健收益集合资产管理计划	××证券股份有限公司	0.9987 1.0987 0.52
1004 ××定向资产管理计划（××号）	××资产管理有限公司	1.1020 1.1020 3.04
1005 ××多策略集合资产管理计划	××证券股份有限公司	1.0031 1.3031 1.21
1006 ××债券优选集合资产管理计划	××证券资产管理有限公司 1.0215 1.0215 2.66
1001 ××证券资产管理计划（第×期）	××证券股份有限公司	1.0123 1.0123 2.15
1002 ××集合资产管理计划	××证券资产管理有限公司 1.0456 1.2456 1.87
1003 ××稳健收益集合资产管理计划	××证券股份有限公司	0.9987 1.0987 0.52
1004 ××定向资产管理计划（××号）	××资产管理有限公司	1.1020 1.1020 3.04
1005 ××多策略集合资产管理计划	××证券股份有限公司	1.0031 1.3031 1.21
1006 ××债券优选集合资产管理计划	××证券资产管理有限公司 1.0215 1.0215 2.66
1001 ××证券资产管理计划（第×期）	××证券股份有限公司	1.0123 1.0123 2.15
1002 ××集合资产管理计划	××证券资产管理有限公司 1.0456 1.2456 1.87
1003 ××稳健收益集合资产管理计划	××证券股份有限公司	0.9987 1.0987 0.52
1004 ××定向资产管理计划（××号）	××资产管理有限公司	1.1020 1.1020 3.04
1005 ××多策略集合资产管理计划	××证券股份有限公司	1.0031 1.3031 1.21
1006 ××债券优选集合资产管理计划	××证券资产管理有限公司 1.0215 1.0215 2.66
1001 ××证券资产管理计划（第×期）	××证券股份有限公司	1.0123 1.0123 2.15
1002 ××集合资产管理计划	××证券资产管理有限公司 1.0456 1.2456 1.87
1003 ××稳健收益集合资产管理计划	××证券股份有限公司	0.9987 1.0987 0.52
1004 ××定向资产管理计划（××号）	××资产管理有限公司	1.1020 1.1020 3.04
1005 ××多策略集合资产管理计划	××证券股份有限公司	1.0031 1.3031 1.21
1006 ××债券优选集合资产管理计划	××证券资产管理有限公司 1.0215 1.0215 2.66
（下转A103版）
